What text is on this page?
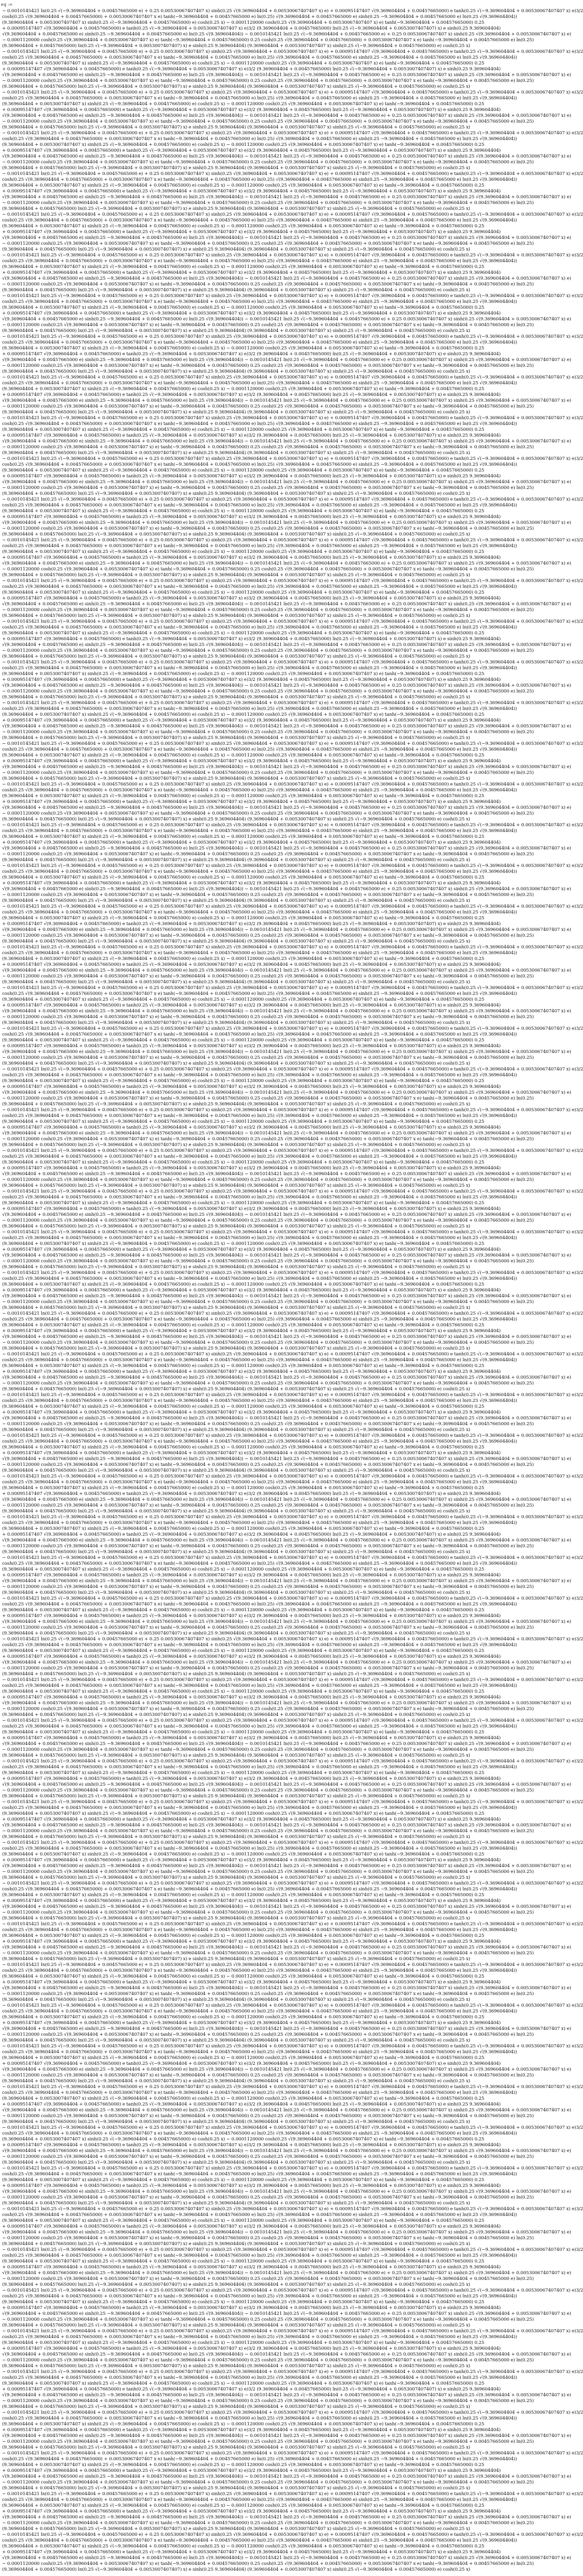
eq :=
− 0.0010145421 ln(0.25 √(−9.369604404 + 0.00457665000 e) + 0.25 0.00530067407407 x) sinh(0.25 √(9.369604404 + 0.00530067407407 x) e) + 0.00095147407 √(9.369604404 + 0.00457665000) e tanh(0.25 √(−9.369604404 + 0.00530067407407 x) e)3/2
cosh(0.25 √(9.369604404 + 0.00457665000) + 0.00530067407407 x e) tanh(−9.369604404 + 0.00457665000 e) ln(0.25) √(9.369604404 + 0.00457665000 e) sinh(0.25 −9.369604404 + 0.00457665000 e) ln(0.25 √(9.369604404))
(9.369604404 + 0.0053007407407 x) sinh(0.25 √(−9.369604404 + 0.00457665000) e) cosh(0.25 x) − 0.0001120000 cosh(0.25 √(9.369604404 + 0.00530067407407 x) e) tanh(−9.369604404 + 0.00457665000) 0.25
+ 0.00095147407 √(9.369604404 + 0.00457665000) e tanh(0.25 √(−9.369604404 + 0.00530067407407 x) e)3/2 (9.369604404 + 0.00457665000) ln(0.25 √(−9.369604404 + 0.0053007407407) x) e sinh(0.25 9.369604404)
√(9.369604404 + 0.00457665000 e) sinh(0.25 −9.369604404 + 0.00457665000 e) ln(0.25 √(9.369604404)) − 0.0010145421 ln(0.25 √(−9.369604404 + 0.00457665000 e) + 0.25 0.00530067407407 x) sinh(0.25 √(9.369604404 + 0.00530067407407 x) e)
− 0.0001120000 cosh(0.25 √(9.369604404 + 0.00530067407407 x) e) tanh(−9.369604404 + 0.00457665000) 0.25 cosh(0.25 √(9.369604404 + 0.00457665000) + 0.00530067407407 x e) tanh(−9.369604404 + 0.00457665000 e) ln(0.25)
(9.369604404 + 0.00457665000) ln(0.25 √(−9.369604404 + 0.0053007407407) x) e sinh(0.25 9.369604404) (9.369604404 + 0.0053007407407 x) sinh(0.25 √(−9.369604404 + 0.00457665000) e) cosh(0.25 x)
− 0.0010145421 ln(0.25 √(−9.369604404 + 0.00457665000 e) + 0.25 0.00530067407407 x) sinh(0.25 √(9.369604404 + 0.00530067407407 x) e) + 0.00095147407 √(9.369604404 + 0.00457665000) e tanh(0.25 √(−9.369604404 + 0.00530067407407 x) e)3/2
cosh(0.25 √(9.369604404 + 0.00457665000) + 0.00530067407407 x e) tanh(−9.369604404 + 0.00457665000 e) ln(0.25) √(9.369604404 + 0.00457665000 e) sinh(0.25 −9.369604404 + 0.00457665000 e) ln(0.25 √(9.369604404))
(9.369604404 + 0.0053007407407 x) sinh(0.25 √(−9.369604404 + 0.00457665000) e) cosh(0.25 x) − 0.0001120000 cosh(0.25 √(9.369604404 + 0.00530067407407 x) e) tanh(−9.369604404 + 0.00457665000) 0.25
+ 0.00095147407 √(9.369604404 + 0.00457665000) e tanh(0.25 √(−9.369604404 + 0.00530067407407 x) e)3/2 (9.369604404 + 0.00457665000) ln(0.25 √(−9.369604404 + 0.0053007407407) x) e sinh(0.25 9.369604404)
√(9.369604404 + 0.00457665000 e) sinh(0.25 −9.369604404 + 0.00457665000 e) ln(0.25 √(9.369604404)) − 0.0010145421 ln(0.25 √(−9.369604404 + 0.00457665000 e) + 0.25 0.00530067407407 x) sinh(0.25 √(9.369604404 + 0.00530067407407 x) e)
− 0.0001120000 cosh(0.25 √(9.369604404 + 0.00530067407407 x) e) tanh(−9.369604404 + 0.00457665000) 0.25 cosh(0.25 √(9.369604404 + 0.00457665000) + 0.00530067407407 x e) tanh(−9.369604404 + 0.00457665000 e) ln(0.25)
(9.369604404 + 0.00457665000) ln(0.25 √(−9.369604404 + 0.0053007407407) x) e sinh(0.25 9.369604404) (9.369604404 + 0.0053007407407 x) sinh(0.25 √(−9.369604404 + 0.00457665000) e) cosh(0.25 x)
− 0.0010145421 ln(0.25 √(−9.369604404 + 0.00457665000 e) + 0.25 0.00530067407407 x) sinh(0.25 √(9.369604404 + 0.00530067407407 x) e) + 0.00095147407 √(9.369604404 + 0.00457665000) e tanh(0.25 √(−9.369604404 + 0.00530067407407 x) e)3/2
cosh(0.25 √(9.369604404 + 0.00457665000) + 0.00530067407407 x e) tanh(−9.369604404 + 0.00457665000 e) ln(0.25) √(9.369604404 + 0.00457665000 e) sinh(0.25 −9.369604404 + 0.00457665000 e) ln(0.25 √(9.369604404))
(9.369604404 + 0.0053007407407 x) sinh(0.25 √(−9.369604404 + 0.00457665000) e) cosh(0.25 x) − 0.0001120000 cosh(0.25 √(9.369604404 + 0.00530067407407 x) e) tanh(−9.369604404 + 0.00457665000) 0.25
+ 0.00095147407 √(9.369604404 + 0.00457665000) e tanh(0.25 √(−9.369604404 + 0.00530067407407 x) e)3/2 (9.369604404 + 0.00457665000) ln(0.25 √(−9.369604404 + 0.0053007407407) x) e sinh(0.25 9.369604404)
√(9.369604404 + 0.00457665000 e) sinh(0.25 −9.369604404 + 0.00457665000 e) ln(0.25 √(9.369604404)) − 0.0010145421 ln(0.25 √(−9.369604404 + 0.00457665000 e) + 0.25 0.00530067407407 x) sinh(0.25 √(9.369604404 + 0.00530067407407 x) e)
− 0.0001120000 cosh(0.25 √(9.369604404 + 0.00530067407407 x) e) tanh(−9.369604404 + 0.00457665000) 0.25 cosh(0.25 √(9.369604404 + 0.00457665000) + 0.00530067407407 x e) tanh(−9.369604404 + 0.00457665000 e) ln(0.25)
(9.369604404 + 0.00457665000) ln(0.25 √(−9.369604404 + 0.0053007407407) x) e sinh(0.25 9.369604404) (9.369604404 + 0.0053007407407 x) sinh(0.25 √(−9.369604404 + 0.00457665000) e) cosh(0.25 x)
− 0.0010145421 ln(0.25 √(−9.369604404 + 0.00457665000 e) + 0.25 0.00530067407407 x) sinh(0.25 √(9.369604404 + 0.00530067407407 x) e) + 0.00095147407 √(9.369604404 + 0.00457665000) e tanh(0.25 √(−9.369604404 + 0.00530067407407 x) e)3/2
cosh(0.25 √(9.369604404 + 0.00457665000) + 0.00530067407407 x e) tanh(−9.369604404 + 0.00457665000 e) ln(0.25) √(9.369604404 + 0.00457665000 e) sinh(0.25 −9.369604404 + 0.00457665000 e) ln(0.25 √(9.369604404))
(9.369604404 + 0.0053007407407 x) sinh(0.25 √(−9.369604404 + 0.00457665000) e) cosh(0.25 x) − 0.0001120000 cosh(0.25 √(9.369604404 + 0.00530067407407 x) e) tanh(−9.369604404 + 0.00457665000) 0.25
+ 0.00095147407 √(9.369604404 + 0.00457665000) e tanh(0.25 √(−9.369604404 + 0.00530067407407 x) e)3/2 (9.369604404 + 0.00457665000) ln(0.25 √(−9.369604404 + 0.0053007407407) x) e sinh(0.25 9.369604404)
√(9.369604404 + 0.00457665000 e) sinh(0.25 −9.369604404 + 0.00457665000 e) ln(0.25 √(9.369604404)) − 0.0010145421 ln(0.25 √(−9.369604404 + 0.00457665000 e) + 0.25 0.00530067407407 x) sinh(0.25 √(9.369604404 + 0.00530067407407 x) e)
− 0.0001120000 cosh(0.25 √(9.369604404 + 0.00530067407407 x) e) tanh(−9.369604404 + 0.00457665000) 0.25 cosh(0.25 √(9.369604404 + 0.00457665000) + 0.00530067407407 x e) tanh(−9.369604404 + 0.00457665000 e) ln(0.25)
(9.369604404 + 0.00457665000) ln(0.25 √(−9.369604404 + 0.0053007407407) x) e sinh(0.25 9.369604404) (9.369604404 + 0.0053007407407 x) sinh(0.25 √(−9.369604404 + 0.00457665000) e) cosh(0.25 x)
− 0.0010145421 ln(0.25 √(−9.369604404 + 0.00457665000 e) + 0.25 0.00530067407407 x) sinh(0.25 √(9.369604404 + 0.00530067407407 x) e) + 0.00095147407 √(9.369604404 + 0.00457665000) e tanh(0.25 √(−9.369604404 + 0.00530067407407 x) e)3/2
cosh(0.25 √(9.369604404 + 0.00457665000) + 0.00530067407407 x e) tanh(−9.369604404 + 0.00457665000 e) ln(0.25) √(9.369604404 + 0.00457665000 e) sinh(0.25 −9.369604404 + 0.00457665000 e) ln(0.25 √(9.369604404))
(9.369604404 + 0.0053007407407 x) sinh(0.25 √(−9.369604404 + 0.00457665000) e) cosh(0.25 x) − 0.0001120000 cosh(0.25 √(9.369604404 + 0.00530067407407 x) e) tanh(−9.369604404 + 0.00457665000) 0.25
+ 0.00095147407 √(9.369604404 + 0.00457665000) e tanh(0.25 √(−9.369604404 + 0.00530067407407 x) e)3/2 (9.369604404 + 0.00457665000) ln(0.25 √(−9.369604404 + 0.0053007407407) x) e sinh(0.25 9.369604404)
√(9.369604404 + 0.00457665000 e) sinh(0.25 −9.369604404 + 0.00457665000 e) ln(0.25 √(9.369604404)) − 0.0010145421 ln(0.25 √(−9.369604404 + 0.00457665000 e) + 0.25 0.00530067407407 x) sinh(0.25 √(9.369604404 + 0.00530067407407 x) e)
− 0.0001120000 cosh(0.25 √(9.369604404 + 0.00530067407407 x) e) tanh(−9.369604404 + 0.00457665000) 0.25 cosh(0.25 √(9.369604404 + 0.00457665000) + 0.00530067407407 x e) tanh(−9.369604404 + 0.00457665000 e) ln(0.25)
(9.369604404 + 0.00457665000) ln(0.25 √(−9.369604404 + 0.0053007407407) x) e sinh(0.25 9.369604404) (9.369604404 + 0.0053007407407 x) sinh(0.25 √(−9.369604404 + 0.00457665000) e) cosh(0.25 x)
− 0.0010145421 ln(0.25 √(−9.369604404 + 0.00457665000 e) + 0.25 0.00530067407407 x) sinh(0.25 √(9.369604404 + 0.00530067407407 x) e) + 0.00095147407 √(9.369604404 + 0.00457665000) e tanh(0.25 √(−9.369604404 + 0.00530067407407 x) e)3/2
cosh(0.25 √(9.369604404 + 0.00457665000) + 0.00530067407407 x e) tanh(−9.369604404 + 0.00457665000 e) ln(0.25) √(9.369604404 + 0.00457665000 e) sinh(0.25 −9.369604404 + 0.00457665000 e) ln(0.25 √(9.369604404))
(9.369604404 + 0.0053007407407 x) sinh(0.25 √(−9.369604404 + 0.00457665000) e) cosh(0.25 x) − 0.0001120000 cosh(0.25 √(9.369604404 + 0.00530067407407 x) e) tanh(−9.369604404 + 0.00457665000) 0.25
+ 0.00095147407 √(9.369604404 + 0.00457665000) e tanh(0.25 √(−9.369604404 + 0.00530067407407 x) e)3/2 (9.369604404 + 0.00457665000) ln(0.25 √(−9.369604404 + 0.0053007407407) x) e sinh(0.25 9.369604404)
√(9.369604404 + 0.00457665000 e) sinh(0.25 −9.369604404 + 0.00457665000 e) ln(0.25 √(9.369604404)) − 0.0010145421 ln(0.25 √(−9.369604404 + 0.00457665000 e) + 0.25 0.00530067407407 x) sinh(0.25 √(9.369604404 + 0.00530067407407 x) e)
− 0.0001120000 cosh(0.25 √(9.369604404 + 0.00530067407407 x) e) tanh(−9.369604404 + 0.00457665000) 0.25 cosh(0.25 √(9.369604404 + 0.00457665000) + 0.00530067407407 x e) tanh(−9.369604404 + 0.00457665000 e) ln(0.25)
(9.369604404 + 0.00457665000) ln(0.25 √(−9.369604404 + 0.0053007407407) x) e sinh(0.25 9.369604404) (9.369604404 + 0.0053007407407 x) sinh(0.25 √(−9.369604404 + 0.00457665000) e) cosh(0.25 x)
− 0.0010145421 ln(0.25 √(−9.369604404 + 0.00457665000 e) + 0.25 0.00530067407407 x) sinh(0.25 √(9.369604404 + 0.00530067407407 x) e) + 0.00095147407 √(9.369604404 + 0.00457665000) e tanh(0.25 √(−9.369604404 + 0.00530067407407 x) e)3/2
cosh(0.25 √(9.369604404 + 0.00457665000) + 0.00530067407407 x e) tanh(−9.369604404 + 0.00457665000 e) ln(0.25) √(9.369604404 + 0.00457665000 e) sinh(0.25 −9.369604404 + 0.00457665000 e) ln(0.25 √(9.369604404))
(9.369604404 + 0.0053007407407 x) sinh(0.25 √(−9.369604404 + 0.00457665000) e) cosh(0.25 x) − 0.0001120000 cosh(0.25 √(9.369604404 + 0.00530067407407 x) e) tanh(−9.369604404 + 0.00457665000) 0.25
+ 0.00095147407 √(9.369604404 + 0.00457665000) e tanh(0.25 √(−9.369604404 + 0.00530067407407 x) e)3/2 (9.369604404 + 0.00457665000) ln(0.25 √(−9.369604404 + 0.0053007407407) x) e sinh(0.25 9.369604404)
√(9.369604404 + 0.00457665000 e) sinh(0.25 −9.369604404 + 0.00457665000 e) ln(0.25 √(9.369604404)) − 0.0010145421 ln(0.25 √(−9.369604404 + 0.00457665000 e) + 0.25 0.00530067407407 x) sinh(0.25 √(9.369604404 + 0.00530067407407 x) e)
− 0.0001120000 cosh(0.25 √(9.369604404 + 0.00530067407407 x) e) tanh(−9.369604404 + 0.00457665000) 0.25 cosh(0.25 √(9.369604404 + 0.00457665000) + 0.00530067407407 x e) tanh(−9.369604404 + 0.00457665000 e) ln(0.25)
(9.369604404 + 0.00457665000) ln(0.25 √(−9.369604404 + 0.0053007407407) x) e sinh(0.25 9.369604404) (9.369604404 + 0.0053007407407 x) sinh(0.25 √(−9.369604404 + 0.00457665000) e) cosh(0.25 x)
− 0.0010145421 ln(0.25 √(−9.369604404 + 0.00457665000 e) + 0.25 0.00530067407407 x) sinh(0.25 √(9.369604404 + 0.00530067407407 x) e) + 0.00095147407 √(9.369604404 + 0.00457665000) e tanh(0.25 √(−9.369604404 + 0.00530067407407 x) e)3/2
cosh(0.25 √(9.369604404 + 0.00457665000) + 0.00530067407407 x e) tanh(−9.369604404 + 0.00457665000 e) ln(0.25) √(9.369604404 + 0.00457665000 e) sinh(0.25 −9.369604404 + 0.00457665000 e) ln(0.25 √(9.369604404))
(9.369604404 + 0.0053007407407 x) sinh(0.25 √(−9.369604404 + 0.00457665000) e) cosh(0.25 x) − 0.0001120000 cosh(0.25 √(9.369604404 + 0.00530067407407 x) e) tanh(−9.369604404 + 0.00457665000) 0.25
+ 0.00095147407 √(9.369604404 + 0.00457665000) e tanh(0.25 √(−9.369604404 + 0.00530067407407 x) e)3/2 (9.369604404 + 0.00457665000) ln(0.25 √(−9.369604404 + 0.0053007407407) x) e sinh(0.25 9.369604404)
√(9.369604404 + 0.00457665000 e) sinh(0.25 −9.369604404 + 0.00457665000 e) ln(0.25 √(9.369604404)) − 0.0010145421 ln(0.25 √(−9.369604404 + 0.00457665000 e) + 0.25 0.00530067407407 x) sinh(0.25 √(9.369604404 + 0.00530067407407 x) e)
− 0.0001120000 cosh(0.25 √(9.369604404 + 0.00530067407407 x) e) tanh(−9.369604404 + 0.00457665000) 0.25 cosh(0.25 √(9.369604404 + 0.00457665000) + 0.00530067407407 x e) tanh(−9.369604404 + 0.00457665000 e) ln(0.25)
(9.369604404 + 0.00457665000) ln(0.25 √(−9.369604404 + 0.0053007407407) x) e sinh(0.25 9.369604404) (9.369604404 + 0.0053007407407 x) sinh(0.25 √(−9.369604404 + 0.00457665000) e) cosh(0.25 x)
− 0.0010145421 ln(0.25 √(−9.369604404 + 0.00457665000 e) + 0.25 0.00530067407407 x) sinh(0.25 √(9.369604404 + 0.00530067407407 x) e) + 0.00095147407 √(9.369604404 + 0.00457665000) e tanh(0.25 √(−9.369604404 + 0.00530067407407 x) e)3/2
cosh(0.25 √(9.369604404 + 0.00457665000) + 0.00530067407407 x e) tanh(−9.369604404 + 0.00457665000 e) ln(0.25) √(9.369604404 + 0.00457665000 e) sinh(0.25 −9.369604404 + 0.00457665000 e) ln(0.25 √(9.369604404))
(9.369604404 + 0.0053007407407 x) sinh(0.25 √(−9.369604404 + 0.00457665000) e) cosh(0.25 x) − 0.0001120000 cosh(0.25 √(9.369604404 + 0.00530067407407 x) e) tanh(−9.369604404 + 0.00457665000) 0.25
+ 0.00095147407 √(9.369604404 + 0.00457665000) e tanh(0.25 √(−9.369604404 + 0.00530067407407 x) e)3/2 (9.369604404 + 0.00457665000) ln(0.25 √(−9.369604404 + 0.0053007407407) x) e sinh(0.25 9.369604404)
√(9.369604404 + 0.00457665000 e) sinh(0.25 −9.369604404 + 0.00457665000 e) ln(0.25 √(9.369604404)) − 0.0010145421 ln(0.25 √(−9.369604404 + 0.00457665000 e) + 0.25 0.00530067407407 x) sinh(0.25 √(9.369604404 + 0.00530067407407 x) e)
− 0.0001120000 cosh(0.25 √(9.369604404 + 0.00530067407407 x) e) tanh(−9.369604404 + 0.00457665000) 0.25 cosh(0.25 √(9.369604404 + 0.00457665000) + 0.00530067407407 x e) tanh(−9.369604404 + 0.00457665000 e) ln(0.25)
(9.369604404 + 0.00457665000) ln(0.25 √(−9.369604404 + 0.0053007407407) x) e sinh(0.25 9.369604404) (9.369604404 + 0.0053007407407 x) sinh(0.25 √(−9.369604404 + 0.00457665000) e) cosh(0.25 x)
− 0.0010145421 ln(0.25 √(−9.369604404 + 0.00457665000 e) + 0.25 0.00530067407407 x) sinh(0.25 √(9.369604404 + 0.00530067407407 x) e) + 0.00095147407 √(9.369604404 + 0.00457665000) e tanh(0.25 √(−9.369604404 + 0.00530067407407 x) e)3/2
cosh(0.25 √(9.369604404 + 0.00457665000) + 0.00530067407407 x e) tanh(−9.369604404 + 0.00457665000 e) ln(0.25) √(9.369604404 + 0.00457665000 e) sinh(0.25 −9.369604404 + 0.00457665000 e) ln(0.25 √(9.369604404))
(9.369604404 + 0.0053007407407 x) sinh(0.25 √(−9.369604404 + 0.00457665000) e) cosh(0.25 x) − 0.0001120000 cosh(0.25 √(9.369604404 + 0.00530067407407 x) e) tanh(−9.369604404 + 0.00457665000) 0.25
+ 0.00095147407 √(9.369604404 + 0.00457665000) e tanh(0.25 √(−9.369604404 + 0.00530067407407 x) e)3/2 (9.369604404 + 0.00457665000) ln(0.25 √(−9.369604404 + 0.0053007407407) x) e sinh(0.25 9.369604404)
√(9.369604404 + 0.00457665000 e) sinh(0.25 −9.369604404 + 0.00457665000 e) ln(0.25 √(9.369604404)) − 0.0010145421 ln(0.25 √(−9.369604404 + 0.00457665000 e) + 0.25 0.00530067407407 x) sinh(0.25 √(9.369604404 + 0.00530067407407 x) e)
− 0.0001120000 cosh(0.25 √(9.369604404 + 0.00530067407407 x) e) tanh(−9.369604404 + 0.00457665000) 0.25 cosh(0.25 √(9.369604404 + 0.00457665000) + 0.00530067407407 x e) tanh(−9.369604404 + 0.00457665000 e) ln(0.25)
(9.369604404 + 0.00457665000) ln(0.25 √(−9.369604404 + 0.0053007407407) x) e sinh(0.25 9.369604404) (9.369604404 + 0.0053007407407 x) sinh(0.25 √(−9.369604404 + 0.00457665000) e) cosh(0.25 x)
− 0.0010145421 ln(0.25 √(−9.369604404 + 0.00457665000 e) + 0.25 0.00530067407407 x) sinh(0.25 √(9.369604404 + 0.00530067407407 x) e) + 0.00095147407 √(9.369604404 + 0.00457665000) e tanh(0.25 √(−9.369604404 + 0.00530067407407 x) e)3/2
cosh(0.25 √(9.369604404 + 0.00457665000) + 0.00530067407407 x e) tanh(−9.369604404 + 0.00457665000 e) ln(0.25) √(9.369604404 + 0.00457665000 e) sinh(0.25 −9.369604404 + 0.00457665000 e) ln(0.25 √(9.369604404))
(9.369604404 + 0.0053007407407 x) sinh(0.25 √(−9.369604404 + 0.00457665000) e) cosh(0.25 x) − 0.0001120000 cosh(0.25 √(9.369604404 + 0.00530067407407 x) e) tanh(−9.369604404 + 0.00457665000) 0.25
+ 0.00095147407 √(9.369604404 + 0.00457665000) e tanh(0.25 √(−9.369604404 + 0.00530067407407 x) e)3/2 (9.369604404 + 0.00457665000) ln(0.25 √(−9.369604404 + 0.0053007407407) x) e sinh(0.25 9.369604404)
√(9.369604404 + 0.00457665000 e) sinh(0.25 −9.369604404 + 0.00457665000 e) ln(0.25 √(9.369604404)) − 0.0010145421 ln(0.25 √(−9.369604404 + 0.00457665000 e) + 0.25 0.00530067407407 x) sinh(0.25 √(9.369604404 + 0.00530067407407 x) e)
− 0.0001120000 cosh(0.25 √(9.369604404 + 0.00530067407407 x) e) tanh(−9.369604404 + 0.00457665000) 0.25 cosh(0.25 √(9.369604404 + 0.00457665000) + 0.00530067407407 x e) tanh(−9.369604404 + 0.00457665000 e) ln(0.25)
(9.369604404 + 0.00457665000) ln(0.25 √(−9.369604404 + 0.0053007407407) x) e sinh(0.25 9.369604404) (9.369604404 + 0.0053007407407 x) sinh(0.25 √(−9.369604404 + 0.00457665000) e) cosh(0.25 x)
− 0.0010145421 ln(0.25 √(−9.369604404 + 0.00457665000 e) + 0.25 0.00530067407407 x) sinh(0.25 √(9.369604404 + 0.00530067407407 x) e) + 0.00095147407 √(9.369604404 + 0.00457665000) e tanh(0.25 √(−9.369604404 + 0.00530067407407 x) e)3/2
cosh(0.25 √(9.369604404 + 0.00457665000) + 0.00530067407407 x e) tanh(−9.369604404 + 0.00457665000 e) ln(0.25) √(9.369604404 + 0.00457665000 e) sinh(0.25 −9.369604404 + 0.00457665000 e) ln(0.25 √(9.369604404))
(9.369604404 + 0.0053007407407 x) sinh(0.25 √(−9.369604404 + 0.00457665000) e) cosh(0.25 x) − 0.0001120000 cosh(0.25 √(9.369604404 + 0.00530067407407 x) e) tanh(−9.369604404 + 0.00457665000) 0.25
+ 0.00095147407 √(9.369604404 + 0.00457665000) e tanh(0.25 √(−9.369604404 + 0.00530067407407 x) e)3/2 (9.369604404 + 0.00457665000) ln(0.25 √(−9.369604404 + 0.0053007407407) x) e sinh(0.25 9.369604404)
√(9.369604404 + 0.00457665000 e) sinh(0.25 −9.369604404 + 0.00457665000 e) ln(0.25 √(9.369604404)) − 0.0010145421 ln(0.25 √(−9.369604404 + 0.00457665000 e) + 0.25 0.00530067407407 x) sinh(0.25 √(9.369604404 + 0.00530067407407 x) e)
− 0.0001120000 cosh(0.25 √(9.369604404 + 0.00530067407407 x) e) tanh(−9.369604404 + 0.00457665000) 0.25 cosh(0.25 √(9.369604404 + 0.00457665000) + 0.00530067407407 x e) tanh(−9.369604404 + 0.00457665000 e) ln(0.25)
(9.369604404 + 0.00457665000) ln(0.25 √(−9.369604404 + 0.0053007407407) x) e sinh(0.25 9.369604404) (9.369604404 + 0.0053007407407 x) sinh(0.25 √(−9.369604404 + 0.00457665000) e) cosh(0.25 x)
− 0.0010145421 ln(0.25 √(−9.369604404 + 0.00457665000 e) + 0.25 0.00530067407407 x) sinh(0.25 √(9.369604404 + 0.00530067407407 x) e) + 0.00095147407 √(9.369604404 + 0.00457665000) e tanh(0.25 √(−9.369604404 + 0.00530067407407 x) e)3/2
cosh(0.25 √(9.369604404 + 0.00457665000) + 0.00530067407407 x e) tanh(−9.369604404 + 0.00457665000 e) ln(0.25) √(9.369604404 + 0.00457665000 e) sinh(0.25 −9.369604404 + 0.00457665000 e) ln(0.25 √(9.369604404))
(9.369604404 + 0.0053007407407 x) sinh(0.25 √(−9.369604404 + 0.00457665000) e) cosh(0.25 x) − 0.0001120000 cosh(0.25 √(9.369604404 + 0.00530067407407 x) e) tanh(−9.369604404 + 0.00457665000) 0.25
+ 0.00095147407 √(9.369604404 + 0.00457665000) e tanh(0.25 √(−9.369604404 + 0.00530067407407 x) e)3/2 (9.369604404 + 0.00457665000) ln(0.25 √(−9.369604404 + 0.0053007407407) x) e sinh(0.25 9.369604404)
√(9.369604404 + 0.00457665000 e) sinh(0.25 −9.369604404 + 0.00457665000 e) ln(0.25 √(9.369604404)) − 0.0010145421 ln(0.25 √(−9.369604404 + 0.00457665000 e) + 0.25 0.00530067407407 x) sinh(0.25 √(9.369604404 + 0.00530067407407 x) e)
− 0.0001120000 cosh(0.25 √(9.369604404 + 0.00530067407407 x) e) tanh(−9.369604404 + 0.00457665000) 0.25 cosh(0.25 √(9.369604404 + 0.00457665000) + 0.00530067407407 x e) tanh(−9.369604404 + 0.00457665000 e) ln(0.25)
(9.369604404 + 0.00457665000) ln(0.25 √(−9.369604404 + 0.0053007407407) x) e sinh(0.25 9.369604404) (9.369604404 + 0.0053007407407 x) sinh(0.25 √(−9.369604404 + 0.00457665000) e) cosh(0.25 x)
− 0.0010145421 ln(0.25 √(−9.369604404 + 0.00457665000 e) + 0.25 0.00530067407407 x) sinh(0.25 √(9.369604404 + 0.00530067407407 x) e) + 0.00095147407 √(9.369604404 + 0.00457665000) e tanh(0.25 √(−9.369604404 + 0.00530067407407 x) e)3/2
cosh(0.25 √(9.369604404 + 0.00457665000) + 0.00530067407407 x e) tanh(−9.369604404 + 0.00457665000 e) ln(0.25) √(9.369604404 + 0.00457665000 e) sinh(0.25 −9.369604404 + 0.00457665000 e) ln(0.25 √(9.369604404))
(9.369604404 + 0.0053007407407 x) sinh(0.25 √(−9.369604404 + 0.00457665000) e) cosh(0.25 x) − 0.0001120000 cosh(0.25 √(9.369604404 + 0.00530067407407 x) e) tanh(−9.369604404 + 0.00457665000) 0.25
+ 0.00095147407 √(9.369604404 + 0.00457665000) e tanh(0.25 √(−9.369604404 + 0.00530067407407 x) e)3/2 (9.369604404 + 0.00457665000) ln(0.25 √(−9.369604404 + 0.0053007407407) x) e sinh(0.25 9.369604404)
√(9.369604404 + 0.00457665000 e) sinh(0.25 −9.369604404 + 0.00457665000 e) ln(0.25 √(9.369604404)) − 0.0010145421 ln(0.25 √(−9.369604404 + 0.00457665000 e) + 0.25 0.00530067407407 x) sinh(0.25 √(9.369604404 + 0.00530067407407 x) e)
− 0.0001120000 cosh(0.25 √(9.369604404 + 0.00530067407407 x) e) tanh(−9.369604404 + 0.00457665000) 0.25 cosh(0.25 √(9.369604404 + 0.00457665000) + 0.00530067407407 x e) tanh(−9.369604404 + 0.00457665000 e) ln(0.25)
(9.369604404 + 0.00457665000) ln(0.25 √(−9.369604404 + 0.0053007407407) x) e sinh(0.25 9.369604404) (9.369604404 + 0.0053007407407 x) sinh(0.25 √(−9.369604404 + 0.00457665000) e) cosh(0.25 x)
− 0.0010145421 ln(0.25 √(−9.369604404 + 0.00457665000 e) + 0.25 0.00530067407407 x) sinh(0.25 √(9.369604404 + 0.00530067407407 x) e) + 0.00095147407 √(9.369604404 + 0.00457665000) e tanh(0.25 √(−9.369604404 + 0.00530067407407 x) e)3/2
cosh(0.25 √(9.369604404 + 0.00457665000) + 0.00530067407407 x e) tanh(−9.369604404 + 0.00457665000 e) ln(0.25) √(9.369604404 + 0.00457665000 e) sinh(0.25 −9.369604404 + 0.00457665000 e) ln(0.25 √(9.369604404))
(9.369604404 + 0.0053007407407 x) sinh(0.25 √(−9.369604404 + 0.00457665000) e) cosh(0.25 x) − 0.0001120000 cosh(0.25 √(9.369604404 + 0.00530067407407 x) e) tanh(−9.369604404 + 0.00457665000) 0.25
+ 0.00095147407 √(9.369604404 + 0.00457665000) e tanh(0.25 √(−9.369604404 + 0.00530067407407 x) e)3/2 (9.369604404 + 0.00457665000) ln(0.25 √(−9.369604404 + 0.0053007407407) x) e sinh(0.25 9.369604404)
√(9.369604404 + 0.00457665000 e) sinh(0.25 −9.369604404 + 0.00457665000 e) ln(0.25 √(9.369604404)) − 0.0010145421 ln(0.25 √(−9.369604404 + 0.00457665000 e) + 0.25 0.00530067407407 x) sinh(0.25 √(9.369604404 + 0.00530067407407 x) e)
− 0.0001120000 cosh(0.25 √(9.369604404 + 0.00530067407407 x) e) tanh(−9.369604404 + 0.00457665000) 0.25 cosh(0.25 √(9.369604404 + 0.00457665000) + 0.00530067407407 x e) tanh(−9.369604404 + 0.00457665000 e) ln(0.25)
(9.369604404 + 0.00457665000) ln(0.25 √(−9.369604404 + 0.0053007407407) x) e sinh(0.25 9.369604404) (9.369604404 + 0.0053007407407 x) sinh(0.25 √(−9.369604404 + 0.00457665000) e) cosh(0.25 x)
− 0.0010145421 ln(0.25 √(−9.369604404 + 0.00457665000 e) + 0.25 0.00530067407407 x) sinh(0.25 √(9.369604404 + 0.00530067407407 x) e) + 0.00095147407 √(9.369604404 + 0.00457665000) e tanh(0.25 √(−9.369604404 + 0.00530067407407 x) e)3/2
cosh(0.25 √(9.369604404 + 0.00457665000) + 0.00530067407407 x e) tanh(−9.369604404 + 0.00457665000 e) ln(0.25) √(9.369604404 + 0.00457665000 e) sinh(0.25 −9.369604404 + 0.00457665000 e) ln(0.25 √(9.369604404))
(9.369604404 + 0.0053007407407 x) sinh(0.25 √(−9.369604404 + 0.00457665000) e) cosh(0.25 x) − 0.0001120000 cosh(0.25 √(9.369604404 + 0.00530067407407 x) e) tanh(−9.369604404 + 0.00457665000) 0.25
+ 0.00095147407 √(9.369604404 + 0.00457665000) e tanh(0.25 √(−9.369604404 + 0.00530067407407 x) e)3/2 (9.369604404 + 0.00457665000) ln(0.25 √(−9.369604404 + 0.0053007407407) x) e sinh(0.25 9.369604404)
√(9.369604404 + 0.00457665000 e) sinh(0.25 −9.369604404 + 0.00457665000 e) ln(0.25 √(9.369604404)) − 0.0010145421 ln(0.25 √(−9.369604404 + 0.00457665000 e) + 0.25 0.00530067407407 x) sinh(0.25 √(9.369604404 + 0.00530067407407 x) e)
− 0.0001120000 cosh(0.25 √(9.369604404 + 0.00530067407407 x) e) tanh(−9.369604404 + 0.00457665000) 0.25 cosh(0.25 √(9.369604404 + 0.00457665000) + 0.00530067407407 x e) tanh(−9.369604404 + 0.00457665000 e) ln(0.25)
(9.369604404 + 0.00457665000) ln(0.25 √(−9.369604404 + 0.0053007407407) x) e sinh(0.25 9.369604404) (9.369604404 + 0.0053007407407 x) sinh(0.25 √(−9.369604404 + 0.00457665000) e) cosh(0.25 x)
− 0.0010145421 ln(0.25 √(−9.369604404 + 0.00457665000 e) + 0.25 0.00530067407407 x) sinh(0.25 √(9.369604404 + 0.00530067407407 x) e) + 0.00095147407 √(9.369604404 + 0.00457665000) e tanh(0.25 √(−9.369604404 + 0.00530067407407 x) e)3/2
cosh(0.25 √(9.369604404 + 0.00457665000) + 0.00530067407407 x e) tanh(−9.369604404 + 0.00457665000 e) ln(0.25) √(9.369604404 + 0.00457665000 e) sinh(0.25 −9.369604404 + 0.00457665000 e) ln(0.25 √(9.369604404))
(9.369604404 + 0.0053007407407 x) sinh(0.25 √(−9.369604404 + 0.00457665000) e) cosh(0.25 x) − 0.0001120000 cosh(0.25 √(9.369604404 + 0.00530067407407 x) e) tanh(−9.369604404 + 0.00457665000) 0.25
+ 0.00095147407 √(9.369604404 + 0.00457665000) e tanh(0.25 √(−9.369604404 + 0.00530067407407 x) e)3/2 (9.369604404 + 0.00457665000) ln(0.25 √(−9.369604404 + 0.0053007407407) x) e sinh(0.25 9.369604404)
√(9.369604404 + 0.00457665000 e) sinh(0.25 −9.369604404 + 0.00457665000 e) ln(0.25 √(9.369604404)) − 0.0010145421 ln(0.25 √(−9.369604404 + 0.00457665000 e) + 0.25 0.00530067407407 x) sinh(0.25 √(9.369604404 + 0.00530067407407 x) e)
− 0.0001120000 cosh(0.25 √(9.369604404 + 0.00530067407407 x) e) tanh(−9.369604404 + 0.00457665000) 0.25 cosh(0.25 √(9.369604404 + 0.00457665000) + 0.00530067407407 x e) tanh(−9.369604404 + 0.00457665000 e) ln(0.25)
(9.369604404 + 0.00457665000) ln(0.25 √(−9.369604404 + 0.0053007407407) x) e sinh(0.25 9.369604404) (9.369604404 + 0.0053007407407 x) sinh(0.25 √(−9.369604404 + 0.00457665000) e) cosh(0.25 x)
− 0.0010145421 ln(0.25 √(−9.369604404 + 0.00457665000 e) + 0.25 0.00530067407407 x) sinh(0.25 √(9.369604404 + 0.00530067407407 x) e) + 0.00095147407 √(9.369604404 + 0.00457665000) e tanh(0.25 √(−9.369604404 + 0.00530067407407 x) e)3/2
cosh(0.25 √(9.369604404 + 0.00457665000) + 0.00530067407407 x e) tanh(−9.369604404 + 0.00457665000 e) ln(0.25) √(9.369604404 + 0.00457665000 e) sinh(0.25 −9.369604404 + 0.00457665000 e) ln(0.25 √(9.369604404))
(9.369604404 + 0.0053007407407 x) sinh(0.25 √(−9.369604404 + 0.00457665000) e) cosh(0.25 x) − 0.0001120000 cosh(0.25 √(9.369604404 + 0.00530067407407 x) e) tanh(−9.369604404 + 0.00457665000) 0.25
+ 0.00095147407 √(9.369604404 + 0.00457665000) e tanh(0.25 √(−9.369604404 + 0.00530067407407 x) e)3/2 (9.369604404 + 0.00457665000) ln(0.25 √(−9.369604404 + 0.0053007407407) x) e sinh(0.25 9.369604404)
√(9.369604404 + 0.00457665000 e) sinh(0.25 −9.369604404 + 0.00457665000 e) ln(0.25 √(9.369604404)) − 0.0010145421 ln(0.25 √(−9.369604404 + 0.00457665000 e) + 0.25 0.00530067407407 x) sinh(0.25 √(9.369604404 + 0.00530067407407 x) e)
− 0.0001120000 cosh(0.25 √(9.369604404 + 0.00530067407407 x) e) tanh(−9.369604404 + 0.00457665000) 0.25 cosh(0.25 √(9.369604404 + 0.00457665000) + 0.00530067407407 x e) tanh(−9.369604404 + 0.00457665000 e) ln(0.25)
(9.369604404 + 0.00457665000) ln(0.25 √(−9.369604404 + 0.0053007407407) x) e sinh(0.25 9.369604404) (9.369604404 + 0.0053007407407 x) sinh(0.25 √(−9.369604404 + 0.00457665000) e) cosh(0.25 x)
− 0.0010145421 ln(0.25 √(−9.369604404 + 0.00457665000 e) + 0.25 0.00530067407407 x) sinh(0.25 √(9.369604404 + 0.00530067407407 x) e) + 0.00095147407 √(9.369604404 + 0.00457665000) e tanh(0.25 √(−9.369604404 + 0.00530067407407 x) e)3/2
cosh(0.25 √(9.369604404 + 0.00457665000) + 0.00530067407407 x e) tanh(−9.369604404 + 0.00457665000 e) ln(0.25) √(9.369604404 + 0.00457665000 e) sinh(0.25 −9.369604404 + 0.00457665000 e) ln(0.25 √(9.369604404))
(9.369604404 + 0.0053007407407 x) sinh(0.25 √(−9.369604404 + 0.00457665000) e) cosh(0.25 x) − 0.0001120000 cosh(0.25 √(9.369604404 + 0.00530067407407 x) e) tanh(−9.369604404 + 0.00457665000) 0.25
+ 0.00095147407 √(9.369604404 + 0.00457665000) e tanh(0.25 √(−9.369604404 + 0.00530067407407 x) e)3/2 (9.369604404 + 0.00457665000) ln(0.25 √(−9.369604404 + 0.0053007407407) x) e sinh(0.25 9.369604404)
√(9.369604404 + 0.00457665000 e) sinh(0.25 −9.369604404 + 0.00457665000 e) ln(0.25 √(9.369604404)) − 0.0010145421 ln(0.25 √(−9.369604404 + 0.00457665000 e) + 0.25 0.00530067407407 x) sinh(0.25 √(9.369604404 + 0.00530067407407 x) e)
− 0.0001120000 cosh(0.25 √(9.369604404 + 0.00530067407407 x) e) tanh(−9.369604404 + 0.00457665000) 0.25 cosh(0.25 √(9.369604404 + 0.00457665000) + 0.00530067407407 x e) tanh(−9.369604404 + 0.00457665000 e) ln(0.25)
(9.369604404 + 0.00457665000) ln(0.25 √(−9.369604404 + 0.0053007407407) x) e sinh(0.25 9.369604404) (9.369604404 + 0.0053007407407 x) sinh(0.25 √(−9.369604404 + 0.00457665000) e) cosh(0.25 x)
− 0.0010145421 ln(0.25 √(−9.369604404 + 0.00457665000 e) + 0.25 0.00530067407407 x) sinh(0.25 √(9.369604404 + 0.00530067407407 x) e) + 0.00095147407 √(9.369604404 + 0.00457665000) e tanh(0.25 √(−9.369604404 + 0.00530067407407 x) e)3/2
cosh(0.25 √(9.369604404 + 0.00457665000) + 0.00530067407407 x e) tanh(−9.369604404 + 0.00457665000 e) ln(0.25) √(9.369604404 + 0.00457665000 e) sinh(0.25 −9.369604404 + 0.00457665000 e) ln(0.25 √(9.369604404))
(9.369604404 + 0.0053007407407 x) sinh(0.25 √(−9.369604404 + 0.00457665000) e) cosh(0.25 x) − 0.0001120000 cosh(0.25 √(9.369604404 + 0.00530067407407 x) e) tanh(−9.369604404 + 0.00457665000) 0.25
+ 0.00095147407 √(9.369604404 + 0.00457665000) e tanh(0.25 √(−9.369604404 + 0.00530067407407 x) e)3/2 (9.369604404 + 0.00457665000) ln(0.25 √(−9.369604404 + 0.0053007407407) x) e sinh(0.25 9.369604404)
√(9.369604404 + 0.00457665000 e) sinh(0.25 −9.369604404 + 0.00457665000 e) ln(0.25 √(9.369604404)) − 0.0010145421 ln(0.25 √(−9.369604404 + 0.00457665000 e) + 0.25 0.00530067407407 x) sinh(0.25 √(9.369604404 + 0.00530067407407 x) e)
− 0.0001120000 cosh(0.25 √(9.369604404 + 0.00530067407407 x) e) tanh(−9.369604404 + 0.00457665000) 0.25 cosh(0.25 √(9.369604404 + 0.00457665000) + 0.00530067407407 x e) tanh(−9.369604404 + 0.00457665000 e) ln(0.25)
(9.369604404 + 0.00457665000) ln(0.25 √(−9.369604404 + 0.0053007407407) x) e sinh(0.25 9.369604404) (9.369604404 + 0.0053007407407 x) sinh(0.25 √(−9.369604404 + 0.00457665000) e) cosh(0.25 x)
− 0.0010145421 ln(0.25 √(−9.369604404 + 0.00457665000 e) + 0.25 0.00530067407407 x) sinh(0.25 √(9.369604404 + 0.00530067407407 x) e) + 0.00095147407 √(9.369604404 + 0.00457665000) e tanh(0.25 √(−9.369604404 + 0.00530067407407 x) e)3/2
cosh(0.25 √(9.369604404 + 0.00457665000) + 0.00530067407407 x e) tanh(−9.369604404 + 0.00457665000 e) ln(0.25) √(9.369604404 + 0.00457665000 e) sinh(0.25 −9.369604404 + 0.00457665000 e) ln(0.25 √(9.369604404))
(9.369604404 + 0.0053007407407 x) sinh(0.25 √(−9.369604404 + 0.00457665000) e) cosh(0.25 x) − 0.0001120000 cosh(0.25 √(9.369604404 + 0.00530067407407 x) e) tanh(−9.369604404 + 0.00457665000) 0.25
+ 0.00095147407 √(9.369604404 + 0.00457665000) e tanh(0.25 √(−9.369604404 + 0.00530067407407 x) e)3/2 (9.369604404 + 0.00457665000) ln(0.25 √(−9.369604404 + 0.0053007407407) x) e sinh(0.25 9.369604404)
√(9.369604404 + 0.00457665000 e) sinh(0.25 −9.369604404 + 0.00457665000 e) ln(0.25 √(9.369604404)) − 0.0010145421 ln(0.25 √(−9.369604404 + 0.00457665000 e) + 0.25 0.00530067407407 x) sinh(0.25 √(9.369604404 + 0.00530067407407 x) e)
− 0.0001120000 cosh(0.25 √(9.369604404 + 0.00530067407407 x) e) tanh(−9.369604404 + 0.00457665000) 0.25 cosh(0.25 √(9.369604404 + 0.00457665000) + 0.00530067407407 x e) tanh(−9.369604404 + 0.00457665000 e) ln(0.25)
(9.369604404 + 0.00457665000) ln(0.25 √(−9.369604404 + 0.0053007407407) x) e sinh(0.25 9.369604404) (9.369604404 + 0.0053007407407 x) sinh(0.25 √(−9.369604404 + 0.00457665000) e) cosh(0.25 x)
− 0.0010145421 ln(0.25 √(−9.369604404 + 0.00457665000 e) + 0.25 0.00530067407407 x) sinh(0.25 √(9.369604404 + 0.00530067407407 x) e) + 0.00095147407 √(9.369604404 + 0.00457665000) e tanh(0.25 √(−9.369604404 + 0.00530067407407 x) e)3/2
cosh(0.25 √(9.369604404 + 0.00457665000) + 0.00530067407407 x e) tanh(−9.369604404 + 0.00457665000 e) ln(0.25) √(9.369604404 + 0.00457665000 e) sinh(0.25 −9.369604404 + 0.00457665000 e) ln(0.25 √(9.369604404))
(9.369604404 + 0.0053007407407 x) sinh(0.25 √(−9.369604404 + 0.00457665000) e) cosh(0.25 x) − 0.0001120000 cosh(0.25 √(9.369604404 + 0.00530067407407 x) e) tanh(−9.369604404 + 0.00457665000) 0.25
+ 0.00095147407 √(9.369604404 + 0.00457665000) e tanh(0.25 √(−9.369604404 + 0.00530067407407 x) e)3/2 (9.369604404 + 0.00457665000) ln(0.25 √(−9.369604404 + 0.0053007407407) x) e sinh(0.25 9.369604404)
√(9.369604404 + 0.00457665000 e) sinh(0.25 −9.369604404 + 0.00457665000 e) ln(0.25 √(9.369604404)) − 0.0010145421 ln(0.25 √(−9.369604404 + 0.00457665000 e) + 0.25 0.00530067407407 x) sinh(0.25 √(9.369604404 + 0.00530067407407 x) e)
− 0.0001120000 cosh(0.25 √(9.369604404 + 0.00530067407407 x) e) tanh(−9.369604404 + 0.00457665000) 0.25 cosh(0.25 √(9.369604404 + 0.00457665000) + 0.00530067407407 x e) tanh(−9.369604404 + 0.00457665000 e) ln(0.25)
(9.369604404 + 0.00457665000) ln(0.25 √(−9.369604404 + 0.0053007407407) x) e sinh(0.25 9.369604404) (9.369604404 + 0.0053007407407 x) sinh(0.25 √(−9.369604404 + 0.00457665000) e) cosh(0.25 x)
− 0.0010145421 ln(0.25 √(−9.369604404 + 0.00457665000 e) + 0.25 0.00530067407407 x) sinh(0.25 √(9.369604404 + 0.00530067407407 x) e) + 0.00095147407 √(9.369604404 + 0.00457665000) e tanh(0.25 √(−9.369604404 + 0.00530067407407 x) e)3/2
cosh(0.25 √(9.369604404 + 0.00457665000) + 0.00530067407407 x e) tanh(−9.369604404 + 0.00457665000 e) ln(0.25) √(9.369604404 + 0.00457665000 e) sinh(0.25 −9.369604404 + 0.00457665000 e) ln(0.25 √(9.369604404))
(9.369604404 + 0.0053007407407 x) sinh(0.25 √(−9.369604404 + 0.00457665000) e) cosh(0.25 x) − 0.0001120000 cosh(0.25 √(9.369604404 + 0.00530067407407 x) e) tanh(−9.369604404 + 0.00457665000) 0.25
+ 0.00095147407 √(9.369604404 + 0.00457665000) e tanh(0.25 √(−9.369604404 + 0.00530067407407 x) e)3/2 (9.369604404 + 0.00457665000) ln(0.25 √(−9.369604404 + 0.0053007407407) x) e sinh(0.25 9.369604404)
√(9.369604404 + 0.00457665000 e) sinh(0.25 −9.369604404 + 0.00457665000 e) ln(0.25 √(9.369604404)) − 0.0010145421 ln(0.25 √(−9.369604404 + 0.00457665000 e) + 0.25 0.00530067407407 x) sinh(0.25 √(9.369604404 + 0.00530067407407 x) e)
− 0.0001120000 cosh(0.25 √(9.369604404 + 0.00530067407407 x) e) tanh(−9.369604404 + 0.00457665000) 0.25 cosh(0.25 √(9.369604404 + 0.00457665000) + 0.00530067407407 x e) tanh(−9.369604404 + 0.00457665000 e) ln(0.25)
(9.369604404 + 0.00457665000) ln(0.25 √(−9.369604404 + 0.0053007407407) x) e sinh(0.25 9.369604404) (9.369604404 + 0.0053007407407 x) sinh(0.25 √(−9.369604404 + 0.00457665000) e) cosh(0.25 x)
− 0.0010145421 ln(0.25 √(−9.369604404 + 0.00457665000 e) + 0.25 0.00530067407407 x) sinh(0.25 √(9.369604404 + 0.00530067407407 x) e) + 0.00095147407 √(9.369604404 + 0.00457665000) e tanh(0.25 √(−9.369604404 + 0.00530067407407 x) e)3/2
cosh(0.25 √(9.369604404 + 0.00457665000) + 0.00530067407407 x e) tanh(−9.369604404 + 0.00457665000 e) ln(0.25) √(9.369604404 + 0.00457665000 e) sinh(0.25 −9.369604404 + 0.00457665000 e) ln(0.25 √(9.369604404))
(9.369604404 + 0.0053007407407 x) sinh(0.25 √(−9.369604404 + 0.00457665000) e) cosh(0.25 x) − 0.0001120000 cosh(0.25 √(9.369604404 + 0.00530067407407 x) e) tanh(−9.369604404 + 0.00457665000) 0.25
+ 0.00095147407 √(9.369604404 + 0.00457665000) e tanh(0.25 √(−9.369604404 + 0.00530067407407 x) e)3/2 (9.369604404 + 0.00457665000) ln(0.25 √(−9.369604404 + 0.0053007407407) x) e sinh(0.25 9.369604404)
√(9.369604404 + 0.00457665000 e) sinh(0.25 −9.369604404 + 0.00457665000 e) ln(0.25 √(9.369604404)) − 0.0010145421 ln(0.25 √(−9.369604404 + 0.00457665000 e) + 0.25 0.00530067407407 x) sinh(0.25 √(9.369604404 + 0.00530067407407 x) e)
− 0.0001120000 cosh(0.25 √(9.369604404 + 0.00530067407407 x) e) tanh(−9.369604404 + 0.00457665000) 0.25 cosh(0.25 √(9.369604404 + 0.00457665000) + 0.00530067407407 x e) tanh(−9.369604404 + 0.00457665000 e) ln(0.25)
(9.369604404 + 0.00457665000) ln(0.25 √(−9.369604404 + 0.0053007407407) x) e sinh(0.25 9.369604404) (9.369604404 + 0.0053007407407 x) sinh(0.25 √(−9.369604404 + 0.00457665000) e) cosh(0.25 x)
− 0.0010145421 ln(0.25 √(−9.369604404 + 0.00457665000 e) + 0.25 0.00530067407407 x) sinh(0.25 √(9.369604404 + 0.00530067407407 x) e) + 0.00095147407 √(9.369604404 + 0.00457665000) e tanh(0.25 √(−9.369604404 + 0.00530067407407 x) e)3/2
cosh(0.25 √(9.369604404 + 0.00457665000) + 0.00530067407407 x e) tanh(−9.369604404 + 0.00457665000 e) ln(0.25) √(9.369604404 + 0.00457665000 e) sinh(0.25 −9.369604404 + 0.00457665000 e) ln(0.25 √(9.369604404))
(9.369604404 + 0.0053007407407 x) sinh(0.25 √(−9.369604404 + 0.00457665000) e) cosh(0.25 x) − 0.0001120000 cosh(0.25 √(9.369604404 + 0.00530067407407 x) e) tanh(−9.369604404 + 0.00457665000) 0.25
+ 0.00095147407 √(9.369604404 + 0.00457665000) e tanh(0.25 √(−9.369604404 + 0.00530067407407 x) e)3/2 (9.369604404 + 0.00457665000) ln(0.25 √(−9.369604404 + 0.0053007407407) x) e sinh(0.25 9.369604404)
√(9.369604404 + 0.00457665000 e) sinh(0.25 −9.369604404 + 0.00457665000 e) ln(0.25 √(9.369604404)) − 0.0010145421 ln(0.25 √(−9.369604404 + 0.00457665000 e) + 0.25 0.00530067407407 x) sinh(0.25 √(9.369604404 + 0.00530067407407 x) e)
− 0.0001120000 cosh(0.25 √(9.369604404 + 0.00530067407407 x) e) tanh(−9.369604404 + 0.00457665000) 0.25 cosh(0.25 √(9.369604404 + 0.00457665000) + 0.00530067407407 x e) tanh(−9.369604404 + 0.00457665000 e) ln(0.25)
(9.369604404 + 0.00457665000) ln(0.25 √(−9.369604404 + 0.0053007407407) x) e sinh(0.25 9.369604404) (9.369604404 + 0.0053007407407 x) sinh(0.25 √(−9.369604404 + 0.00457665000) e) cosh(0.25 x)
− 0.0010145421 ln(0.25 √(−9.369604404 + 0.00457665000 e) + 0.25 0.00530067407407 x) sinh(0.25 √(9.369604404 + 0.00530067407407 x) e) + 0.00095147407 √(9.369604404 + 0.00457665000) e tanh(0.25 √(−9.369604404 + 0.00530067407407 x) e)3/2
cosh(0.25 √(9.369604404 + 0.00457665000) + 0.00530067407407 x e) tanh(−9.369604404 + 0.00457665000 e) ln(0.25) √(9.369604404 + 0.00457665000 e) sinh(0.25 −9.369604404 + 0.00457665000 e) ln(0.25 √(9.369604404))
(9.369604404 + 0.0053007407407 x) sinh(0.25 √(−9.369604404 + 0.00457665000) e) cosh(0.25 x) − 0.0001120000 cosh(0.25 √(9.369604404 + 0.00530067407407 x) e) tanh(−9.369604404 + 0.00457665000) 0.25
+ 0.00095147407 √(9.369604404 + 0.00457665000) e tanh(0.25 √(−9.369604404 + 0.00530067407407 x) e)3/2 (9.369604404 + 0.00457665000) ln(0.25 √(−9.369604404 + 0.0053007407407) x) e sinh(0.25 9.369604404)
√(9.369604404 + 0.00457665000 e) sinh(0.25 −9.369604404 + 0.00457665000 e) ln(0.25 √(9.369604404)) − 0.0010145421 ln(0.25 √(−9.369604404 + 0.00457665000 e) + 0.25 0.00530067407407 x) sinh(0.25 √(9.369604404 + 0.00530067407407 x) e)
− 0.0001120000 cosh(0.25 √(9.369604404 + 0.00530067407407 x) e) tanh(−9.369604404 + 0.00457665000) 0.25 cosh(0.25 √(9.369604404 + 0.00457665000) + 0.00530067407407 x e) tanh(−9.369604404 + 0.00457665000 e) ln(0.25)
(9.369604404 + 0.00457665000) ln(0.25 √(−9.369604404 + 0.0053007407407) x) e sinh(0.25 9.369604404) (9.369604404 + 0.0053007407407 x) sinh(0.25 √(−9.369604404 + 0.00457665000) e) cosh(0.25 x)
− 0.0010145421 ln(0.25 √(−9.369604404 + 0.00457665000 e) + 0.25 0.00530067407407 x) sinh(0.25 √(9.369604404 + 0.00530067407407 x) e) + 0.00095147407 √(9.369604404 + 0.00457665000) e tanh(0.25 √(−9.369604404 + 0.00530067407407 x) e)3/2
cosh(0.25 √(9.369604404 + 0.00457665000) + 0.00530067407407 x e) tanh(−9.369604404 + 0.00457665000 e) ln(0.25) √(9.369604404 + 0.00457665000 e) sinh(0.25 −9.369604404 + 0.00457665000 e) ln(0.25 √(9.369604404))
(9.369604404 + 0.0053007407407 x) sinh(0.25 √(−9.369604404 + 0.00457665000) e) cosh(0.25 x) − 0.0001120000 cosh(0.25 √(9.369604404 + 0.00530067407407 x) e) tanh(−9.369604404 + 0.00457665000) 0.25
+ 0.00095147407 √(9.369604404 + 0.00457665000) e tanh(0.25 √(−9.369604404 + 0.00530067407407 x) e)3/2 (9.369604404 + 0.00457665000) ln(0.25 √(−9.369604404 + 0.0053007407407) x) e sinh(0.25 9.369604404)
√(9.369604404 + 0.00457665000 e) sinh(0.25 −9.369604404 + 0.00457665000 e) ln(0.25 √(9.369604404)) − 0.0010145421 ln(0.25 √(−9.369604404 + 0.00457665000 e) + 0.25 0.00530067407407 x) sinh(0.25 √(9.369604404 + 0.00530067407407 x) e)
− 0.0001120000 cosh(0.25 √(9.369604404 + 0.00530067407407 x) e) tanh(−9.369604404 + 0.00457665000) 0.25 cosh(0.25 √(9.369604404 + 0.00457665000) + 0.00530067407407 x e) tanh(−9.369604404 + 0.00457665000 e) ln(0.25)
(9.369604404 + 0.00457665000) ln(0.25 √(−9.369604404 + 0.0053007407407) x) e sinh(0.25 9.369604404) (9.369604404 + 0.0053007407407 x) sinh(0.25 √(−9.369604404 + 0.00457665000) e) cosh(0.25 x)
− 0.0010145421 ln(0.25 √(−9.369604404 + 0.00457665000 e) + 0.25 0.00530067407407 x) sinh(0.25 √(9.369604404 + 0.00530067407407 x) e) + 0.00095147407 √(9.369604404 + 0.00457665000) e tanh(0.25 √(−9.369604404 + 0.00530067407407 x) e)3/2
cosh(0.25 √(9.369604404 + 0.00457665000) + 0.00530067407407 x e) tanh(−9.369604404 + 0.00457665000 e) ln(0.25) √(9.369604404 + 0.00457665000 e) sinh(0.25 −9.369604404 + 0.00457665000 e) ln(0.25 √(9.369604404))
(9.369604404 + 0.0053007407407 x) sinh(0.25 √(−9.369604404 + 0.00457665000) e) cosh(0.25 x) − 0.0001120000 cosh(0.25 √(9.369604404 + 0.00530067407407 x) e) tanh(−9.369604404 + 0.00457665000) 0.25
+ 0.00095147407 √(9.369604404 + 0.00457665000) e tanh(0.25 √(−9.369604404 + 0.00530067407407 x) e)3/2 (9.369604404 + 0.00457665000) ln(0.25 √(−9.369604404 + 0.0053007407407) x) e sinh(0.25 9.369604404)
√(9.369604404 + 0.00457665000 e) sinh(0.25 −9.369604404 + 0.00457665000 e) ln(0.25 √(9.369604404)) − 0.0010145421 ln(0.25 √(−9.369604404 + 0.00457665000 e) + 0.25 0.00530067407407 x) sinh(0.25 √(9.369604404 + 0.00530067407407 x) e)
− 0.0001120000 cosh(0.25 √(9.369604404 + 0.00530067407407 x) e) tanh(−9.369604404 + 0.00457665000) 0.25 cosh(0.25 √(9.369604404 + 0.00457665000) + 0.00530067407407 x e) tanh(−9.369604404 + 0.00457665000 e) ln(0.25)
(9.369604404 + 0.00457665000) ln(0.25 √(−9.369604404 + 0.0053007407407) x) e sinh(0.25 9.369604404) (9.369604404 + 0.0053007407407 x) sinh(0.25 √(−9.369604404 + 0.00457665000) e) cosh(0.25 x)
− 0.0010145421 ln(0.25 √(−9.369604404 + 0.00457665000 e) + 0.25 0.00530067407407 x) sinh(0.25 √(9.369604404 + 0.00530067407407 x) e) + 0.00095147407 √(9.369604404 + 0.00457665000) e tanh(0.25 √(−9.369604404 + 0.00530067407407 x) e)3/2
cosh(0.25 √(9.369604404 + 0.00457665000) + 0.00530067407407 x e) tanh(−9.369604404 + 0.00457665000 e) ln(0.25) √(9.369604404 + 0.00457665000 e) sinh(0.25 −9.369604404 + 0.00457665000 e) ln(0.25 √(9.369604404))
(9.369604404 + 0.0053007407407 x) sinh(0.25 √(−9.369604404 + 0.00457665000) e) cosh(0.25 x) − 0.0001120000 cosh(0.25 √(9.369604404 + 0.00530067407407 x) e) tanh(−9.369604404 + 0.00457665000) 0.25
+ 0.00095147407 √(9.369604404 + 0.00457665000) e tanh(0.25 √(−9.369604404 + 0.00530067407407 x) e)3/2 (9.369604404 + 0.00457665000) ln(0.25 √(−9.369604404 + 0.0053007407407) x) e sinh(0.25 9.369604404)
√(9.369604404 + 0.00457665000 e) sinh(0.25 −9.369604404 + 0.00457665000 e) ln(0.25 √(9.369604404)) − 0.0010145421 ln(0.25 √(−9.369604404 + 0.00457665000 e) + 0.25 0.00530067407407 x) sinh(0.25 √(9.369604404 + 0.00530067407407 x) e)
− 0.0001120000 cosh(0.25 √(9.369604404 + 0.00530067407407 x) e) tanh(−9.369604404 + 0.00457665000) 0.25 cosh(0.25 √(9.369604404 + 0.00457665000) + 0.00530067407407 x e) tanh(−9.369604404 + 0.00457665000 e) ln(0.25)
(9.369604404 + 0.00457665000) ln(0.25 √(−9.369604404 + 0.0053007407407) x) e sinh(0.25 9.369604404) (9.369604404 + 0.0053007407407 x) sinh(0.25 √(−9.369604404 + 0.00457665000) e) cosh(0.25 x)
− 0.0010145421 ln(0.25 √(−9.369604404 + 0.00457665000 e) + 0.25 0.00530067407407 x) sinh(0.25 √(9.369604404 + 0.00530067407407 x) e) + 0.00095147407 √(9.369604404 + 0.00457665000) e tanh(0.25 √(−9.369604404 + 0.00530067407407 x) e)3/2
cosh(0.25 √(9.369604404 + 0.00457665000) + 0.00530067407407 x e) tanh(−9.369604404 + 0.00457665000 e) ln(0.25) √(9.369604404 + 0.00457665000 e) sinh(0.25 −9.369604404 + 0.00457665000 e) ln(0.25 √(9.369604404))
(9.369604404 + 0.0053007407407 x) sinh(0.25 √(−9.369604404 + 0.00457665000) e) cosh(0.25 x) − 0.0001120000 cosh(0.25 √(9.369604404 + 0.00530067407407 x) e) tanh(−9.369604404 + 0.00457665000) 0.25
+ 0.00095147407 √(9.369604404 + 0.00457665000) e tanh(0.25 √(−9.369604404 + 0.00530067407407 x) e)3/2 (9.369604404 + 0.00457665000) ln(0.25 √(−9.369604404 + 0.0053007407407) x) e sinh(0.25 9.369604404)
√(9.369604404 + 0.00457665000 e) sinh(0.25 −9.369604404 + 0.00457665000 e) ln(0.25 √(9.369604404)) − 0.0010145421 ln(0.25 √(−9.369604404 + 0.00457665000 e) + 0.25 0.00530067407407 x) sinh(0.25 √(9.369604404 + 0.00530067407407 x) e)
− 0.0001120000 cosh(0.25 √(9.369604404 + 0.00530067407407 x) e) tanh(−9.369604404 + 0.00457665000) 0.25 cosh(0.25 √(9.369604404 + 0.00457665000) + 0.00530067407407 x e) tanh(−9.369604404 + 0.00457665000 e) ln(0.25)
(9.369604404 + 0.00457665000) ln(0.25 √(−9.369604404 + 0.0053007407407) x) e sinh(0.25 9.369604404) (9.369604404 + 0.0053007407407 x) sinh(0.25 √(−9.369604404 + 0.00457665000) e) cosh(0.25 x)
− 0.0010145421 ln(0.25 √(−9.369604404 + 0.00457665000 e) + 0.25 0.00530067407407 x) sinh(0.25 √(9.369604404 + 0.00530067407407 x) e) + 0.00095147407 √(9.369604404 + 0.00457665000) e tanh(0.25 √(−9.369604404 + 0.00530067407407 x) e)3/2
cosh(0.25 √(9.369604404 + 0.00457665000) + 0.00530067407407 x e) tanh(−9.369604404 + 0.00457665000 e) ln(0.25) √(9.369604404 + 0.00457665000 e) sinh(0.25 −9.369604404 + 0.00457665000 e) ln(0.25 √(9.369604404))
(9.369604404 + 0.0053007407407 x) sinh(0.25 √(−9.369604404 + 0.00457665000) e) cosh(0.25 x) − 0.0001120000 cosh(0.25 √(9.369604404 + 0.00530067407407 x) e) tanh(−9.369604404 + 0.00457665000) 0.25
+ 0.00095147407 √(9.369604404 + 0.00457665000) e tanh(0.25 √(−9.369604404 + 0.00530067407407 x) e)3/2 (9.369604404 + 0.00457665000) ln(0.25 √(−9.369604404 + 0.0053007407407) x) e sinh(0.25 9.369604404)
√(9.369604404 + 0.00457665000 e) sinh(0.25 −9.369604404 + 0.00457665000 e) ln(0.25 √(9.369604404)) − 0.0010145421 ln(0.25 √(−9.369604404 + 0.00457665000 e) + 0.25 0.00530067407407 x) sinh(0.25 √(9.369604404 + 0.00530067407407 x) e)
− 0.0001120000 cosh(0.25 √(9.369604404 + 0.00530067407407 x) e) tanh(−9.369604404 + 0.00457665000) 0.25 cosh(0.25 √(9.369604404 + 0.00457665000) + 0.00530067407407 x e) tanh(−9.369604404 + 0.00457665000 e) ln(0.25)
(9.369604404 + 0.00457665000) ln(0.25 √(−9.369604404 + 0.0053007407407) x) e sinh(0.25 9.369604404) (9.369604404 + 0.0053007407407 x) sinh(0.25 √(−9.369604404 + 0.00457665000) e) cosh(0.25 x)
− 0.0010145421 ln(0.25 √(−9.369604404 + 0.00457665000 e) + 0.25 0.00530067407407 x) sinh(0.25 √(9.369604404 + 0.00530067407407 x) e) + 0.00095147407 √(9.369604404 + 0.00457665000) e tanh(0.25 √(−9.369604404 + 0.00530067407407 x) e)3/2
cosh(0.25 √(9.369604404 + 0.00457665000) + 0.00530067407407 x e) tanh(−9.369604404 + 0.00457665000 e) ln(0.25) √(9.369604404 + 0.00457665000 e) sinh(0.25 −9.369604404 + 0.00457665000 e) ln(0.25 √(9.369604404))
(9.369604404 + 0.0053007407407 x) sinh(0.25 √(−9.369604404 + 0.00457665000) e) cosh(0.25 x) − 0.0001120000 cosh(0.25 √(9.369604404 + 0.00530067407407 x) e) tanh(−9.369604404 + 0.00457665000) 0.25
+ 0.00095147407 √(9.369604404 + 0.00457665000) e tanh(0.25 √(−9.369604404 + 0.00530067407407 x) e)3/2 (9.369604404 + 0.00457665000) ln(0.25 √(−9.369604404 + 0.0053007407407) x) e sinh(0.25 9.369604404)
√(9.369604404 + 0.00457665000 e) sinh(0.25 −9.369604404 + 0.00457665000 e) ln(0.25 √(9.369604404)) − 0.0010145421 ln(0.25 √(−9.369604404 + 0.00457665000 e) + 0.25 0.00530067407407 x) sinh(0.25 √(9.369604404 + 0.00530067407407 x) e)
− 0.0001120000 cosh(0.25 √(9.369604404 + 0.00530067407407 x) e) tanh(−9.369604404 + 0.00457665000) 0.25 cosh(0.25 √(9.369604404 + 0.00457665000) + 0.00530067407407 x e) tanh(−9.369604404 + 0.00457665000 e) ln(0.25)
(9.369604404 + 0.00457665000) ln(0.25 √(−9.369604404 + 0.0053007407407) x) e sinh(0.25 9.369604404) (9.369604404 + 0.0053007407407 x) sinh(0.25 √(−9.369604404 + 0.00457665000) e) cosh(0.25 x)
− 0.0010145421 ln(0.25 √(−9.369604404 + 0.00457665000 e) + 0.25 0.00530067407407 x) sinh(0.25 √(9.369604404 + 0.00530067407407 x) e) + 0.00095147407 √(9.369604404 + 0.00457665000) e tanh(0.25 √(−9.369604404 + 0.00530067407407 x) e)3/2
cosh(0.25 √(9.369604404 + 0.00457665000) + 0.00530067407407 x e) tanh(−9.369604404 + 0.00457665000 e) ln(0.25) √(9.369604404 + 0.00457665000 e) sinh(0.25 −9.369604404 + 0.00457665000 e) ln(0.25 √(9.369604404))
(9.369604404 + 0.0053007407407 x) sinh(0.25 √(−9.369604404 + 0.00457665000) e) cosh(0.25 x) − 0.0001120000 cosh(0.25 √(9.369604404 + 0.00530067407407 x) e) tanh(−9.369604404 + 0.00457665000) 0.25
+ 0.00095147407 √(9.369604404 + 0.00457665000) e tanh(0.25 √(−9.369604404 + 0.00530067407407 x) e)3/2 (9.369604404 + 0.00457665000) ln(0.25 √(−9.369604404 + 0.0053007407407) x) e sinh(0.25 9.369604404)
√(9.369604404 + 0.00457665000 e) sinh(0.25 −9.369604404 + 0.00457665000 e) ln(0.25 √(9.369604404)) − 0.0010145421 ln(0.25 √(−9.369604404 + 0.00457665000 e) + 0.25 0.00530067407407 x) sinh(0.25 √(9.369604404 + 0.00530067407407 x) e)
− 0.0001120000 cosh(0.25 √(9.369604404 + 0.00530067407407 x) e) tanh(−9.369604404 + 0.00457665000) 0.25 cosh(0.25 √(9.369604404 + 0.00457665000) + 0.00530067407407 x e) tanh(−9.369604404 + 0.00457665000 e) ln(0.25)
(9.369604404 + 0.00457665000) ln(0.25 √(−9.369604404 + 0.0053007407407) x) e sinh(0.25 9.369604404) (9.369604404 + 0.0053007407407 x) sinh(0.25 √(−9.369604404 + 0.00457665000) e) cosh(0.25 x)
− 0.0010145421 ln(0.25 √(−9.369604404 + 0.00457665000 e) + 0.25 0.00530067407407 x) sinh(0.25 √(9.369604404 + 0.00530067407407 x) e) + 0.00095147407 √(9.369604404 + 0.00457665000) e tanh(0.25 √(−9.369604404 + 0.00530067407407 x) e)3/2
cosh(0.25 √(9.369604404 + 0.00457665000) + 0.00530067407407 x e) tanh(−9.369604404 + 0.00457665000 e) ln(0.25) √(9.369604404 + 0.00457665000 e) sinh(0.25 −9.369604404 + 0.00457665000 e) ln(0.25 √(9.369604404))
(9.369604404 + 0.0053007407407 x) sinh(0.25 √(−9.369604404 + 0.00457665000) e) cosh(0.25 x) − 0.0001120000 cosh(0.25 √(9.369604404 + 0.00530067407407 x) e) tanh(−9.369604404 + 0.00457665000) 0.25
+ 0.00095147407 √(9.369604404 + 0.00457665000) e tanh(0.25 √(−9.369604404 + 0.00530067407407 x) e)3/2 (9.369604404 + 0.00457665000) ln(0.25 √(−9.369604404 + 0.0053007407407) x) e sinh(0.25 9.369604404)
√(9.369604404 + 0.00457665000 e) sinh(0.25 −9.369604404 + 0.00457665000 e) ln(0.25 √(9.369604404)) − 0.0010145421 ln(0.25 √(−9.369604404 + 0.00457665000 e) + 0.25 0.00530067407407 x) sinh(0.25 √(9.369604404 + 0.00530067407407 x) e)
− 0.0001120000 cosh(0.25 √(9.369604404 + 0.00530067407407 x) e) tanh(−9.369604404 + 0.00457665000) 0.25 cosh(0.25 √(9.369604404 + 0.00457665000) + 0.00530067407407 x e) tanh(−9.369604404 + 0.00457665000 e) ln(0.25)
(9.369604404 + 0.00457665000) ln(0.25 √(−9.369604404 + 0.0053007407407) x) e sinh(0.25 9.369604404) (9.369604404 + 0.0053007407407 x) sinh(0.25 √(−9.369604404 + 0.00457665000) e) cosh(0.25 x)
− 0.0010145421 ln(0.25 √(−9.369604404 + 0.00457665000 e) + 0.25 0.00530067407407 x) sinh(0.25 √(9.369604404 + 0.00530067407407 x) e) + 0.00095147407 √(9.369604404 + 0.00457665000) e tanh(0.25 √(−9.369604404 + 0.00530067407407 x) e)3/2
cosh(0.25 √(9.369604404 + 0.00457665000) + 0.00530067407407 x e) tanh(−9.369604404 + 0.00457665000 e) ln(0.25) √(9.369604404 + 0.00457665000 e) sinh(0.25 −9.369604404 + 0.00457665000 e) ln(0.25 √(9.369604404))
(9.369604404 + 0.0053007407407 x) sinh(0.25 √(−9.369604404 + 0.00457665000) e) cosh(0.25 x) − 0.0001120000 cosh(0.25 √(9.369604404 + 0.00530067407407 x) e) tanh(−9.369604404 + 0.00457665000) 0.25
+ 0.00095147407 √(9.369604404 + 0.00457665000) e tanh(0.25 √(−9.369604404 + 0.00530067407407 x) e)3/2 (9.369604404 + 0.00457665000) ln(0.25 √(−9.369604404 + 0.0053007407407) x) e sinh(0.25 9.369604404)
√(9.369604404 + 0.00457665000 e) sinh(0.25 −9.369604404 + 0.00457665000 e) ln(0.25 √(9.369604404)) − 0.0010145421 ln(0.25 √(−9.369604404 + 0.00457665000 e) + 0.25 0.00530067407407 x) sinh(0.25 √(9.369604404 + 0.00530067407407 x) e)
− 0.0001120000 cosh(0.25 √(9.369604404 + 0.00530067407407 x) e) tanh(−9.369604404 + 0.00457665000) 0.25 cosh(0.25 √(9.369604404 + 0.00457665000) + 0.00530067407407 x e) tanh(−9.369604404 + 0.00457665000 e) ln(0.25)
(9.369604404 + 0.00457665000) ln(0.25 √(−9.369604404 + 0.0053007407407) x) e sinh(0.25 9.369604404) (9.369604404 + 0.0053007407407 x) sinh(0.25 √(−9.369604404 + 0.00457665000) e) cosh(0.25 x)
− 0.0010145421 ln(0.25 √(−9.369604404 + 0.00457665000 e) + 0.25 0.00530067407407 x) sinh(0.25 √(9.369604404 + 0.00530067407407 x) e) + 0.00095147407 √(9.369604404 + 0.00457665000) e tanh(0.25 √(−9.369604404 + 0.00530067407407 x) e)3/2
cosh(0.25 √(9.369604404 + 0.00457665000) + 0.00530067407407 x e) tanh(−9.369604404 + 0.00457665000 e) ln(0.25) √(9.369604404 + 0.00457665000 e) sinh(0.25 −9.369604404 + 0.00457665000 e) ln(0.25 √(9.369604404))
(9.369604404 + 0.0053007407407 x) sinh(0.25 √(−9.369604404 + 0.00457665000) e) cosh(0.25 x) − 0.0001120000 cosh(0.25 √(9.369604404 + 0.00530067407407 x) e) tanh(−9.369604404 + 0.00457665000) 0.25
+ 0.00095147407 √(9.369604404 + 0.00457665000) e tanh(0.25 √(−9.369604404 + 0.00530067407407 x) e)3/2 (9.369604404 + 0.00457665000) ln(0.25 √(−9.369604404 + 0.0053007407407) x) e sinh(0.25 9.369604404)
√(9.369604404 + 0.00457665000 e) sinh(0.25 −9.369604404 + 0.00457665000 e) ln(0.25 √(9.369604404)) − 0.0010145421 ln(0.25 √(−9.369604404 + 0.00457665000 e) + 0.25 0.00530067407407 x) sinh(0.25 √(9.369604404 + 0.00530067407407 x) e)
− 0.0001120000 cosh(0.25 √(9.369604404 + 0.00530067407407 x) e) tanh(−9.369604404 + 0.00457665000) 0.25 cosh(0.25 √(9.369604404 + 0.00457665000) + 0.00530067407407 x e) tanh(−9.369604404 + 0.00457665000 e) ln(0.25)
(9.369604404 + 0.00457665000) ln(0.25 √(−9.369604404 + 0.0053007407407) x) e sinh(0.25 9.369604404) (9.369604404 + 0.0053007407407 x) sinh(0.25 √(−9.369604404 + 0.00457665000) e) cosh(0.25 x)
− 0.0010145421 ln(0.25 √(−9.369604404 + 0.00457665000 e) + 0.25 0.00530067407407 x) sinh(0.25 √(9.369604404 + 0.00530067407407 x) e) + 0.00095147407 √(9.369604404 + 0.00457665000) e tanh(0.25 √(−9.369604404 + 0.00530067407407 x) e)3/2
cosh(0.25 √(9.369604404 + 0.00457665000) + 0.00530067407407 x e) tanh(−9.369604404 + 0.00457665000 e) ln(0.25) √(9.369604404 + 0.00457665000 e) sinh(0.25 −9.369604404 + 0.00457665000 e) ln(0.25 √(9.369604404))
(9.369604404 + 0.0053007407407 x) sinh(0.25 √(−9.369604404 + 0.00457665000) e) cosh(0.25 x) − 0.0001120000 cosh(0.25 √(9.369604404 + 0.00530067407407 x) e) tanh(−9.369604404 + 0.00457665000) 0.25
+ 0.00095147407 √(9.369604404 + 0.00457665000) e tanh(0.25 √(−9.369604404 + 0.00530067407407 x) e)3/2 (9.369604404 + 0.00457665000) ln(0.25 √(−9.369604404 + 0.0053007407407) x) e sinh(0.25 9.369604404)
√(9.369604404 + 0.00457665000 e) sinh(0.25 −9.369604404 + 0.00457665000 e) ln(0.25 √(9.369604404)) − 0.0010145421 ln(0.25 √(−9.369604404 + 0.00457665000 e) + 0.25 0.00530067407407 x) sinh(0.25 √(9.369604404 + 0.00530067407407 x) e)
− 0.0001120000 cosh(0.25 √(9.369604404 + 0.00530067407407 x) e) tanh(−9.369604404 + 0.00457665000) 0.25 cosh(0.25 √(9.369604404 + 0.00457665000) + 0.00530067407407 x e) tanh(−9.369604404 + 0.00457665000 e) ln(0.25)
(9.369604404 + 0.00457665000) ln(0.25 √(−9.369604404 + 0.0053007407407) x) e sinh(0.25 9.369604404) (9.369604404 + 0.0053007407407 x) sinh(0.25 √(−9.369604404 + 0.00457665000) e) cosh(0.25 x)
− 0.0010145421 ln(0.25 √(−9.369604404 + 0.00457665000 e) + 0.25 0.00530067407407 x) sinh(0.25 √(9.369604404 + 0.00530067407407 x) e) + 0.00095147407 √(9.369604404 + 0.00457665000) e tanh(0.25 √(−9.369604404 + 0.00530067407407 x) e)3/2
cosh(0.25 √(9.369604404 + 0.00457665000) + 0.00530067407407 x e) tanh(−9.369604404 + 0.00457665000 e) ln(0.25) √(9.369604404 + 0.00457665000 e) sinh(0.25 −9.369604404 + 0.00457665000 e) ln(0.25 √(9.369604404))
(9.369604404 + 0.0053007407407 x) sinh(0.25 √(−9.369604404 + 0.00457665000) e) cosh(0.25 x) − 0.0001120000 cosh(0.25 √(9.369604404 + 0.00530067407407 x) e) tanh(−9.369604404 + 0.00457665000) 0.25
+ 0.00095147407 √(9.369604404 + 0.00457665000) e tanh(0.25 √(−9.369604404 + 0.00530067407407 x) e)3/2 (9.369604404 + 0.00457665000) ln(0.25 √(−9.369604404 + 0.0053007407407) x) e sinh(0.25 9.369604404)
√(9.369604404 + 0.00457665000 e) sinh(0.25 −9.369604404 + 0.00457665000 e) ln(0.25 √(9.369604404)) − 0.0010145421 ln(0.25 √(−9.369604404 + 0.00457665000 e) + 0.25 0.00530067407407 x) sinh(0.25 √(9.369604404 + 0.00530067407407 x) e)
− 0.0001120000 cosh(0.25 √(9.369604404 + 0.00530067407407 x) e) tanh(−9.369604404 + 0.00457665000) 0.25 cosh(0.25 √(9.369604404 + 0.00457665000) + 0.00530067407407 x e) tanh(−9.369604404 + 0.00457665000 e) ln(0.25)
(9.369604404 + 0.00457665000) ln(0.25 √(−9.369604404 + 0.0053007407407) x) e sinh(0.25 9.369604404) (9.369604404 + 0.0053007407407 x) sinh(0.25 √(−9.369604404 + 0.00457665000) e) cosh(0.25 x)
− 0.0010145421 ln(0.25 √(−9.369604404 + 0.00457665000 e) + 0.25 0.00530067407407 x) sinh(0.25 √(9.369604404 + 0.00530067407407 x) e) + 0.00095147407 √(9.369604404 + 0.00457665000) e tanh(0.25 √(−9.369604404 + 0.00530067407407 x) e)3/2
cosh(0.25 √(9.369604404 + 0.00457665000) + 0.00530067407407 x e) tanh(−9.369604404 + 0.00457665000 e) ln(0.25) √(9.369604404 + 0.00457665000 e) sinh(0.25 −9.369604404 + 0.00457665000 e) ln(0.25 √(9.369604404))
(9.369604404 + 0.0053007407407 x) sinh(0.25 √(−9.369604404 + 0.00457665000) e) cosh(0.25 x) − 0.0001120000 cosh(0.25 √(9.369604404 + 0.00530067407407 x) e) tanh(−9.369604404 + 0.00457665000) 0.25
+ 0.00095147407 √(9.369604404 + 0.00457665000) e tanh(0.25 √(−9.369604404 + 0.00530067407407 x) e)3/2 (9.369604404 + 0.00457665000) ln(0.25 √(−9.369604404 + 0.0053007407407) x) e sinh(0.25 9.369604404)
√(9.369604404 + 0.00457665000 e) sinh(0.25 −9.369604404 + 0.00457665000 e) ln(0.25 √(9.369604404)) − 0.0010145421 ln(0.25 √(−9.369604404 + 0.00457665000 e) + 0.25 0.00530067407407 x) sinh(0.25 √(9.369604404 + 0.00530067407407 x) e)
− 0.0001120000 cosh(0.25 √(9.369604404 + 0.00530067407407 x) e) tanh(−9.369604404 + 0.00457665000) 0.25 cosh(0.25 √(9.369604404 + 0.00457665000) + 0.00530067407407 x e) tanh(−9.369604404 + 0.00457665000 e) ln(0.25)
(9.369604404 + 0.00457665000) ln(0.25 √(−9.369604404 + 0.0053007407407) x) e sinh(0.25 9.369604404) (9.369604404 + 0.0053007407407 x) sinh(0.25 √(−9.369604404 + 0.00457665000) e) cosh(0.25 x)
− 0.0010145421 ln(0.25 √(−9.369604404 + 0.00457665000 e) + 0.25 0.00530067407407 x) sinh(0.25 √(9.369604404 + 0.00530067407407 x) e) + 0.00095147407 √(9.369604404 + 0.00457665000) e tanh(0.25 √(−9.369604404 + 0.00530067407407 x) e)3/2
cosh(0.25 √(9.369604404 + 0.00457665000) + 0.00530067407407 x e) tanh(−9.369604404 + 0.00457665000 e) ln(0.25) √(9.369604404 + 0.00457665000 e) sinh(0.25 −9.369604404 + 0.00457665000 e) ln(0.25 √(9.369604404))
(9.369604404 + 0.0053007407407 x) sinh(0.25 √(−9.369604404 + 0.00457665000) e) cosh(0.25 x) − 0.0001120000 cosh(0.25 √(9.369604404 + 0.00530067407407 x) e) tanh(−9.369604404 + 0.00457665000) 0.25
+ 0.00095147407 √(9.369604404 + 0.00457665000) e tanh(0.25 √(−9.369604404 + 0.00530067407407 x) e)3/2 (9.369604404 + 0.00457665000) ln(0.25 √(−9.369604404 + 0.0053007407407) x) e sinh(0.25 9.369604404)
√(9.369604404 + 0.00457665000 e) sinh(0.25 −9.369604404 + 0.00457665000 e) ln(0.25 √(9.369604404)) − 0.0010145421 ln(0.25 √(−9.369604404 + 0.00457665000 e) + 0.25 0.00530067407407 x) sinh(0.25 √(9.369604404 + 0.00530067407407 x) e)
− 0.0001120000 cosh(0.25 √(9.369604404 + 0.00530067407407 x) e) tanh(−9.369604404 + 0.00457665000) 0.25 cosh(0.25 √(9.369604404 + 0.00457665000) + 0.00530067407407 x e) tanh(−9.369604404 + 0.00457665000 e) ln(0.25)
(9.369604404 + 0.00457665000) ln(0.25 √(−9.369604404 + 0.0053007407407) x) e sinh(0.25 9.369604404) (9.369604404 + 0.0053007407407 x) sinh(0.25 √(−9.369604404 + 0.00457665000) e) cosh(0.25 x)
− 0.0010145421 ln(0.25 √(−9.369604404 + 0.00457665000 e) + 0.25 0.00530067407407 x) sinh(0.25 √(9.369604404 + 0.00530067407407 x) e) + 0.00095147407 √(9.369604404 + 0.00457665000) e tanh(0.25 √(−9.369604404 + 0.00530067407407 x) e)3/2
cosh(0.25 √(9.369604404 + 0.00457665000) + 0.00530067407407 x e) tanh(−9.369604404 + 0.00457665000 e) ln(0.25) √(9.369604404 + 0.00457665000 e) sinh(0.25 −9.369604404 + 0.00457665000 e) ln(0.25 √(9.369604404))
(9.369604404 + 0.0053007407407 x) sinh(0.25 √(−9.369604404 + 0.00457665000) e) cosh(0.25 x) − 0.0001120000 cosh(0.25 √(9.369604404 + 0.00530067407407 x) e) tanh(−9.369604404 + 0.00457665000) 0.25
+ 0.00095147407 √(9.369604404 + 0.00457665000) e tanh(0.25 √(−9.369604404 + 0.00530067407407 x) e)3/2 (9.369604404 + 0.00457665000) ln(0.25 √(−9.369604404 + 0.0053007407407) x) e sinh(0.25 9.369604404)
√(9.369604404 + 0.00457665000 e) sinh(0.25 −9.369604404 + 0.00457665000 e) ln(0.25 √(9.369604404)) − 0.0010145421 ln(0.25 √(−9.369604404 + 0.00457665000 e) + 0.25 0.00530067407407 x) sinh(0.25 √(9.369604404 + 0.00530067407407 x) e)
− 0.0001120000 cosh(0.25 √(9.369604404 + 0.00530067407407 x) e) tanh(−9.369604404 + 0.00457665000) 0.25 cosh(0.25 √(9.369604404 + 0.00457665000) + 0.00530067407407 x e) tanh(−9.369604404 + 0.00457665000 e) ln(0.25)
(9.369604404 + 0.00457665000) ln(0.25 √(−9.369604404 + 0.0053007407407) x) e sinh(0.25 9.369604404) (9.369604404 + 0.0053007407407 x) sinh(0.25 √(−9.369604404 + 0.00457665000) e) cosh(0.25 x)
− 0.0010145421 ln(0.25 √(−9.369604404 + 0.00457665000 e) + 0.25 0.00530067407407 x) sinh(0.25 √(9.369604404 + 0.00530067407407 x) e) + 0.00095147407 √(9.369604404 + 0.00457665000) e tanh(0.25 √(−9.369604404 + 0.00530067407407 x) e)3/2
cosh(0.25 √(9.369604404 + 0.00457665000) + 0.00530067407407 x e) tanh(−9.369604404 + 0.00457665000 e) ln(0.25) √(9.369604404 + 0.00457665000 e) sinh(0.25 −9.369604404 + 0.00457665000 e) ln(0.25 √(9.369604404))
(9.369604404 + 0.0053007407407 x) sinh(0.25 √(−9.369604404 + 0.00457665000) e) cosh(0.25 x) − 0.0001120000 cosh(0.25 √(9.369604404 + 0.00530067407407 x) e) tanh(−9.369604404 + 0.00457665000) 0.25
+ 0.00095147407 √(9.369604404 + 0.00457665000) e tanh(0.25 √(−9.369604404 + 0.00530067407407 x) e)3/2 (9.369604404 + 0.00457665000) ln(0.25 √(−9.369604404 + 0.0053007407407) x) e sinh(0.25 9.369604404)
√(9.369604404 + 0.00457665000 e) sinh(0.25 −9.369604404 + 0.00457665000 e) ln(0.25 √(9.369604404)) − 0.0010145421 ln(0.25 √(−9.369604404 + 0.00457665000 e) + 0.25 0.00530067407407 x) sinh(0.25 √(9.369604404 + 0.00530067407407 x) e)
− 0.0001120000 cosh(0.25 √(9.369604404 + 0.00530067407407 x) e) tanh(−9.369604404 + 0.00457665000) 0.25 cosh(0.25 √(9.369604404 + 0.00457665000) + 0.00530067407407 x e) tanh(−9.369604404 + 0.00457665000 e) ln(0.25)
(9.369604404 + 0.00457665000) ln(0.25 √(−9.369604404 + 0.0053007407407) x) e sinh(0.25 9.369604404) (9.369604404 + 0.0053007407407 x) sinh(0.25 √(−9.369604404 + 0.00457665000) e) cosh(0.25 x)
− 0.0010145421 ln(0.25 √(−9.369604404 + 0.00457665000 e) + 0.25 0.00530067407407 x) sinh(0.25 √(9.369604404 + 0.00530067407407 x) e) + 0.00095147407 √(9.369604404 + 0.00457665000) e tanh(0.25 √(−9.369604404 + 0.00530067407407 x) e)3/2
cosh(0.25 √(9.369604404 + 0.00457665000) + 0.00530067407407 x e) tanh(−9.369604404 + 0.00457665000 e) ln(0.25) √(9.369604404 + 0.00457665000 e) sinh(0.25 −9.369604404 + 0.00457665000 e) ln(0.25 √(9.369604404))
(9.369604404 + 0.0053007407407 x) sinh(0.25 √(−9.369604404 + 0.00457665000) e) cosh(0.25 x) − 0.0001120000 cosh(0.25 √(9.369604404 + 0.00530067407407 x) e) tanh(−9.369604404 + 0.00457665000) 0.25
+ 0.00095147407 √(9.369604404 + 0.00457665000) e tanh(0.25 √(−9.369604404 + 0.00530067407407 x) e)3/2 (9.369604404 + 0.00457665000) ln(0.25 √(−9.369604404 + 0.0053007407407) x) e sinh(0.25 9.369604404)
√(9.369604404 + 0.00457665000 e) sinh(0.25 −9.369604404 + 0.00457665000 e) ln(0.25 √(9.369604404)) − 0.0010145421 ln(0.25 √(−9.369604404 + 0.00457665000 e) + 0.25 0.00530067407407 x) sinh(0.25 √(9.369604404 + 0.00530067407407 x) e)
− 0.0001120000 cosh(0.25 √(9.369604404 + 0.00530067407407 x) e) tanh(−9.369604404 + 0.00457665000) 0.25 cosh(0.25 √(9.369604404 + 0.00457665000) + 0.00530067407407 x e) tanh(−9.369604404 + 0.00457665000 e) ln(0.25)
(9.369604404 + 0.00457665000) ln(0.25 √(−9.369604404 + 0.0053007407407) x) e sinh(0.25 9.369604404) (9.369604404 + 0.0053007407407 x) sinh(0.25 √(−9.369604404 + 0.00457665000) e) cosh(0.25 x)
− 0.0010145421 ln(0.25 √(−9.369604404 + 0.00457665000 e) + 0.25 0.00530067407407 x) sinh(0.25 √(9.369604404 + 0.00530067407407 x) e) + 0.00095147407 √(9.369604404 + 0.00457665000) e tanh(0.25 √(−9.369604404 + 0.00530067407407 x) e)3/2
cosh(0.25 √(9.369604404 + 0.00457665000) + 0.00530067407407 x e) tanh(−9.369604404 + 0.00457665000 e) ln(0.25) √(9.369604404 + 0.00457665000 e) sinh(0.25 −9.369604404 + 0.00457665000 e) ln(0.25 √(9.369604404))
(9.369604404 + 0.0053007407407 x) sinh(0.25 √(−9.369604404 + 0.00457665000) e) cosh(0.25 x) − 0.0001120000 cosh(0.25 √(9.369604404 + 0.00530067407407 x) e) tanh(−9.369604404 + 0.00457665000) 0.25
+ 0.00095147407 √(9.369604404 + 0.00457665000) e tanh(0.25 √(−9.369604404 + 0.00530067407407 x) e)3/2 (9.369604404 + 0.00457665000) ln(0.25 √(−9.369604404 + 0.0053007407407) x) e sinh(0.25 9.369604404)
√(9.369604404 + 0.00457665000 e) sinh(0.25 −9.369604404 + 0.00457665000 e) ln(0.25 √(9.369604404)) − 0.0010145421 ln(0.25 √(−9.369604404 + 0.00457665000 e) + 0.25 0.00530067407407 x) sinh(0.25 √(9.369604404 + 0.00530067407407 x) e)
− 0.0001120000 cosh(0.25 √(9.369604404 + 0.00530067407407 x) e) tanh(−9.369604404 + 0.00457665000) 0.25 cosh(0.25 √(9.369604404 + 0.00457665000) + 0.00530067407407 x e) tanh(−9.369604404 + 0.00457665000 e) ln(0.25)
(9.369604404 + 0.00457665000) ln(0.25 √(−9.369604404 + 0.0053007407407) x) e sinh(0.25 9.369604404) (9.369604404 + 0.0053007407407 x) sinh(0.25 √(−9.369604404 + 0.00457665000) e) cosh(0.25 x)
− 0.0010145421 ln(0.25 √(−9.369604404 + 0.00457665000 e) + 0.25 0.00530067407407 x) sinh(0.25 √(9.369604404 + 0.00530067407407 x) e) + 0.00095147407 √(9.369604404 + 0.00457665000) e tanh(0.25 √(−9.369604404 + 0.00530067407407 x) e)3/2
cosh(0.25 √(9.369604404 + 0.00457665000) + 0.00530067407407 x e) tanh(−9.369604404 + 0.00457665000 e) ln(0.25) √(9.369604404 + 0.00457665000 e) sinh(0.25 −9.369604404 + 0.00457665000 e) ln(0.25 √(9.369604404))
(9.369604404 + 0.0053007407407 x) sinh(0.25 √(−9.369604404 + 0.00457665000) e) cosh(0.25 x) − 0.0001120000 cosh(0.25 √(9.369604404 + 0.00530067407407 x) e) tanh(−9.369604404 + 0.00457665000) 0.25
+ 0.00095147407 √(9.369604404 + 0.00457665000) e tanh(0.25 √(−9.369604404 + 0.00530067407407 x) e)3/2 (9.369604404 + 0.00457665000) ln(0.25 √(−9.369604404 + 0.0053007407407) x) e sinh(0.25 9.369604404)
√(9.369604404 + 0.00457665000 e) sinh(0.25 −9.369604404 + 0.00457665000 e) ln(0.25 √(9.369604404)) − 0.0010145421 ln(0.25 √(−9.369604404 + 0.00457665000 e) + 0.25 0.00530067407407 x) sinh(0.25 √(9.369604404 + 0.00530067407407 x) e)
− 0.0001120000 cosh(0.25 √(9.369604404 + 0.00530067407407 x) e) tanh(−9.369604404 + 0.00457665000) 0.25 cosh(0.25 √(9.369604404 + 0.00457665000) + 0.00530067407407 x e) tanh(−9.369604404 + 0.00457665000 e) ln(0.25)
(9.369604404 + 0.00457665000) ln(0.25 √(−9.369604404 + 0.0053007407407) x) e sinh(0.25 9.369604404) (9.369604404 + 0.0053007407407 x) sinh(0.25 √(−9.369604404 + 0.00457665000) e) cosh(0.25 x)
− 0.0010145421 ln(0.25 √(−9.369604404 + 0.00457665000 e) + 0.25 0.00530067407407 x) sinh(0.25 √(9.369604404 + 0.00530067407407 x) e) + 0.00095147407 √(9.369604404 + 0.00457665000) e tanh(0.25 √(−9.369604404 + 0.00530067407407 x) e)3/2
cosh(0.25 √(9.369604404 + 0.00457665000) + 0.00530067407407 x e) tanh(−9.369604404 + 0.00457665000 e) ln(0.25) √(9.369604404 + 0.00457665000 e) sinh(0.25 −9.369604404 + 0.00457665000 e) ln(0.25 √(9.369604404))
(9.369604404 + 0.0053007407407 x) sinh(0.25 √(−9.369604404 + 0.00457665000) e) cosh(0.25 x) − 0.0001120000 cosh(0.25 √(9.369604404 + 0.00530067407407 x) e) tanh(−9.369604404 + 0.00457665000) 0.25
+ 0.00095147407 √(9.369604404 + 0.00457665000) e tanh(0.25 √(−9.369604404 + 0.00530067407407 x) e)3/2 (9.369604404 + 0.00457665000) ln(0.25 √(−9.369604404 + 0.0053007407407) x) e sinh(0.25 9.369604404)
√(9.369604404 + 0.00457665000 e) sinh(0.25 −9.369604404 + 0.00457665000 e) ln(0.25 √(9.369604404)) − 0.0010145421 ln(0.25 √(−9.369604404 + 0.00457665000 e) + 0.25 0.00530067407407 x) sinh(0.25 √(9.369604404 + 0.00530067407407 x) e)
− 0.0001120000 cosh(0.25 √(9.369604404 + 0.00530067407407 x) e) tanh(−9.369604404 + 0.00457665000) 0.25 cosh(0.25 √(9.369604404 + 0.00457665000) + 0.00530067407407 x e) tanh(−9.369604404 + 0.00457665000 e) ln(0.25)
(9.369604404 + 0.00457665000) ln(0.25 √(−9.369604404 + 0.0053007407407) x) e sinh(0.25 9.369604404) (9.369604404 + 0.0053007407407 x) sinh(0.25 √(−9.369604404 + 0.00457665000) e) cosh(0.25 x)
− 0.0010145421 ln(0.25 √(−9.369604404 + 0.00457665000 e) + 0.25 0.00530067407407 x) sinh(0.25 √(9.369604404 + 0.00530067407407 x) e) + 0.00095147407 √(9.369604404 + 0.00457665000) e tanh(0.25 √(−9.369604404 + 0.00530067407407 x) e)3/2
cosh(0.25 √(9.369604404 + 0.00457665000) + 0.00530067407407 x e) tanh(−9.369604404 + 0.00457665000 e) ln(0.25) √(9.369604404 + 0.00457665000 e) sinh(0.25 −9.369604404 + 0.00457665000 e) ln(0.25 √(9.369604404))
(9.369604404 + 0.0053007407407 x) sinh(0.25 √(−9.369604404 + 0.00457665000) e) cosh(0.25 x) − 0.0001120000 cosh(0.25 √(9.369604404 + 0.00530067407407 x) e) tanh(−9.369604404 + 0.00457665000) 0.25
+ 0.00095147407 √(9.369604404 + 0.00457665000) e tanh(0.25 √(−9.369604404 + 0.00530067407407 x) e)3/2 (9.369604404 + 0.00457665000) ln(0.25 √(−9.369604404 + 0.0053007407407) x) e sinh(0.25 9.369604404)
√(9.369604404 + 0.00457665000 e) sinh(0.25 −9.369604404 + 0.00457665000 e) ln(0.25 √(9.369604404)) − 0.0010145421 ln(0.25 √(−9.369604404 + 0.00457665000 e) + 0.25 0.00530067407407 x) sinh(0.25 √(9.369604404 + 0.00530067407407 x) e)
− 0.0001120000 cosh(0.25 √(9.369604404 + 0.00530067407407 x) e) tanh(−9.369604404 + 0.00457665000) 0.25 cosh(0.25 √(9.369604404 + 0.00457665000) + 0.00530067407407 x e) tanh(−9.369604404 + 0.00457665000 e) ln(0.25)
(9.369604404 + 0.00457665000) ln(0.25 √(−9.369604404 + 0.0053007407407) x) e sinh(0.25 9.369604404) (9.369604404 + 0.0053007407407 x) sinh(0.25 √(−9.369604404 + 0.00457665000) e) cosh(0.25 x)
− 0.0010145421 ln(0.25 √(−9.369604404 + 0.00457665000 e) + 0.25 0.00530067407407 x) sinh(0.25 √(9.369604404 + 0.00530067407407 x) e) + 0.00095147407 √(9.369604404 + 0.00457665000) e tanh(0.25 √(−9.369604404 + 0.00530067407407 x) e)3/2
cosh(0.25 √(9.369604404 + 0.00457665000) + 0.00530067407407 x e) tanh(−9.369604404 + 0.00457665000 e) ln(0.25) √(9.369604404 + 0.00457665000 e) sinh(0.25 −9.369604404 + 0.00457665000 e) ln(0.25 √(9.369604404))
(9.369604404 + 0.0053007407407 x) sinh(0.25 √(−9.369604404 + 0.00457665000) e) cosh(0.25 x) − 0.0001120000 cosh(0.25 √(9.369604404 + 0.00530067407407 x) e) tanh(−9.369604404 + 0.00457665000) 0.25
+ 0.00095147407 √(9.369604404 + 0.00457665000) e tanh(0.25 √(−9.369604404 + 0.00530067407407 x) e)3/2 (9.369604404 + 0.00457665000) ln(0.25 √(−9.369604404 + 0.0053007407407) x) e sinh(0.25 9.369604404)
√(9.369604404 + 0.00457665000 e) sinh(0.25 −9.369604404 + 0.00457665000 e) ln(0.25 √(9.369604404)) − 0.0010145421 ln(0.25 √(−9.369604404 + 0.00457665000 e) + 0.25 0.00530067407407 x) sinh(0.25 √(9.369604404 + 0.00530067407407 x) e)
− 0.0001120000 cosh(0.25 √(9.369604404 + 0.00530067407407 x) e) tanh(−9.369604404 + 0.00457665000) 0.25 cosh(0.25 √(9.369604404 + 0.00457665000) + 0.00530067407407 x e) tanh(−9.369604404 + 0.00457665000 e) ln(0.25)
(9.369604404 + 0.00457665000) ln(0.25 √(−9.369604404 + 0.0053007407407) x) e sinh(0.25 9.369604404) (9.369604404 + 0.0053007407407 x) sinh(0.25 √(−9.369604404 + 0.00457665000) e) cosh(0.25 x)
− 0.0010145421 ln(0.25 √(−9.369604404 + 0.00457665000 e) + 0.25 0.00530067407407 x) sinh(0.25 √(9.369604404 + 0.00530067407407 x) e) + 0.00095147407 √(9.369604404 + 0.00457665000) e tanh(0.25 √(−9.369604404 + 0.00530067407407 x) e)3/2
cosh(0.25 √(9.369604404 + 0.00457665000) + 0.00530067407407 x e) tanh(−9.369604404 + 0.00457665000 e) ln(0.25) √(9.369604404 + 0.00457665000 e) sinh(0.25 −9.369604404 + 0.00457665000 e) ln(0.25 √(9.369604404))
(9.369604404 + 0.0053007407407 x) sinh(0.25 √(−9.369604404 + 0.00457665000) e) cosh(0.25 x) − 0.0001120000 cosh(0.25 √(9.369604404 + 0.00530067407407 x) e) tanh(−9.369604404 + 0.00457665000) 0.25
+ 0.00095147407 √(9.369604404 + 0.00457665000) e tanh(0.25 √(−9.369604404 + 0.00530067407407 x) e)3/2 (9.369604404 + 0.00457665000) ln(0.25 √(−9.369604404 + 0.0053007407407) x) e sinh(0.25 9.369604404)
√(9.369604404 + 0.00457665000 e) sinh(0.25 −9.369604404 + 0.00457665000 e) ln(0.25 √(9.369604404)) − 0.0010145421 ln(0.25 √(−9.369604404 + 0.00457665000 e) + 0.25 0.00530067407407 x) sinh(0.25 √(9.369604404 + 0.00530067407407 x) e)
− 0.0001120000 cosh(0.25 √(9.369604404 + 0.00530067407407 x) e) tanh(−9.369604404 + 0.00457665000) 0.25 cosh(0.25 √(9.369604404 + 0.00457665000) + 0.00530067407407 x e) tanh(−9.369604404 + 0.00457665000 e) ln(0.25)
(9.369604404 + 0.00457665000) ln(0.25 √(−9.369604404 + 0.0053007407407) x) e sinh(0.25 9.369604404) (9.369604404 + 0.0053007407407 x) sinh(0.25 √(−9.369604404 + 0.00457665000) e) cosh(0.25 x)
− 0.0010145421 ln(0.25 √(−9.369604404 + 0.00457665000 e) + 0.25 0.00530067407407 x) sinh(0.25 √(9.369604404 + 0.00530067407407 x) e) + 0.00095147407 √(9.369604404 + 0.00457665000) e tanh(0.25 √(−9.369604404 + 0.00530067407407 x) e)3/2
cosh(0.25 √(9.369604404 + 0.00457665000) + 0.00530067407407 x e) tanh(−9.369604404 + 0.00457665000 e) ln(0.25) √(9.369604404 + 0.00457665000 e) sinh(0.25 −9.369604404 + 0.00457665000 e) ln(0.25 √(9.369604404))
(9.369604404 + 0.0053007407407 x) sinh(0.25 √(−9.369604404 + 0.00457665000) e) cosh(0.25 x) − 0.0001120000 cosh(0.25 √(9.369604404 + 0.00530067407407 x) e) tanh(−9.369604404 + 0.00457665000) 0.25
+ 0.00095147407 √(9.369604404 + 0.00457665000) e tanh(0.25 √(−9.369604404 + 0.00530067407407 x) e)3/2 (9.369604404 + 0.00457665000) ln(0.25 √(−9.369604404 + 0.0053007407407) x) e sinh(0.25 9.369604404)
√(9.369604404 + 0.00457665000 e) sinh(0.25 −9.369604404 + 0.00457665000 e) ln(0.25 √(9.369604404)) − 0.0010145421 ln(0.25 √(−9.369604404 + 0.00457665000 e) + 0.25 0.00530067407407 x) sinh(0.25 √(9.369604404 + 0.00530067407407 x) e)
− 0.0001120000 cosh(0.25 √(9.369604404 + 0.00530067407407 x) e) tanh(−9.369604404 + 0.00457665000) 0.25 cosh(0.25 √(9.369604404 + 0.00457665000) + 0.00530067407407 x e) tanh(−9.369604404 + 0.00457665000 e) ln(0.25)
(9.369604404 + 0.00457665000) ln(0.25 √(−9.369604404 + 0.0053007407407) x) e sinh(0.25 9.369604404) (9.369604404 + 0.0053007407407 x) sinh(0.25 √(−9.369604404 + 0.00457665000) e) cosh(0.25 x)
− 0.0010145421 ln(0.25 √(−9.369604404 + 0.00457665000 e) + 0.25 0.00530067407407 x) sinh(0.25 √(9.369604404 + 0.00530067407407 x) e) + 0.00095147407 √(9.369604404 + 0.00457665000) e tanh(0.25 √(−9.369604404 + 0.00530067407407 x) e)3/2
cosh(0.25 √(9.369604404 + 0.00457665000) + 0.00530067407407 x e) tanh(−9.369604404 + 0.00457665000 e) ln(0.25) √(9.369604404 + 0.00457665000 e) sinh(0.25 −9.369604404 + 0.00457665000 e) ln(0.25 √(9.369604404))
(9.369604404 + 0.0053007407407 x) sinh(0.25 √(−9.369604404 + 0.00457665000) e) cosh(0.25 x) − 0.0001120000 cosh(0.25 √(9.369604404 + 0.00530067407407 x) e) tanh(−9.369604404 + 0.00457665000) 0.25
+ 0.00095147407 √(9.369604404 + 0.00457665000) e tanh(0.25 √(−9.369604404 + 0.00530067407407 x) e)3/2 (9.369604404 + 0.00457665000) ln(0.25 √(−9.369604404 + 0.0053007407407) x) e sinh(0.25 9.369604404)
√(9.369604404 + 0.00457665000 e) sinh(0.25 −9.369604404 + 0.00457665000 e) ln(0.25 √(9.369604404)) − 0.0010145421 ln(0.25 √(−9.369604404 + 0.00457665000 e) + 0.25 0.00530067407407 x) sinh(0.25 √(9.369604404 + 0.00530067407407 x) e)
− 0.0001120000 cosh(0.25 √(9.369604404 + 0.00530067407407 x) e) tanh(−9.369604404 + 0.00457665000) 0.25 cosh(0.25 √(9.369604404 + 0.00457665000) + 0.00530067407407 x e) tanh(−9.369604404 + 0.00457665000 e) ln(0.25)
(9.369604404 + 0.00457665000) ln(0.25 √(−9.369604404 + 0.0053007407407) x) e sinh(0.25 9.369604404) (9.369604404 + 0.0053007407407 x) sinh(0.25 √(−9.369604404 + 0.00457665000) e) cosh(0.25 x)
− 0.0010145421 ln(0.25 √(−9.369604404 + 0.00457665000 e) + 0.25 0.00530067407407 x) sinh(0.25 √(9.369604404 + 0.00530067407407 x) e) + 0.00095147407 √(9.369604404 + 0.00457665000) e tanh(0.25 √(−9.369604404 + 0.00530067407407 x) e)3/2
cosh(0.25 √(9.369604404 + 0.00457665000) + 0.00530067407407 x e) tanh(−9.369604404 + 0.00457665000 e) ln(0.25) √(9.369604404 + 0.00457665000 e) sinh(0.25 −9.369604404 + 0.00457665000 e) ln(0.25 √(9.369604404))
(9.369604404 + 0.0053007407407 x) sinh(0.25 √(−9.369604404 + 0.00457665000) e) cosh(0.25 x) − 0.0001120000 cosh(0.25 √(9.369604404 + 0.00530067407407 x) e) tanh(−9.369604404 + 0.00457665000) 0.25
+ 0.00095147407 √(9.369604404 + 0.00457665000) e tanh(0.25 √(−9.369604404 + 0.00530067407407 x) e)3/2 (9.369604404 + 0.00457665000) ln(0.25 √(−9.369604404 + 0.0053007407407) x) e sinh(0.25 9.369604404)
√(9.369604404 + 0.00457665000 e) sinh(0.25 −9.369604404 + 0.00457665000 e) ln(0.25 √(9.369604404)) − 0.0010145421 ln(0.25 √(−9.369604404 + 0.00457665000 e) + 0.25 0.00530067407407 x) sinh(0.25 √(9.369604404 + 0.00530067407407 x) e)
− 0.0001120000 cosh(0.25 √(9.369604404 + 0.00530067407407 x) e) tanh(−9.369604404 + 0.00457665000) 0.25 cosh(0.25 √(9.369604404 + 0.00457665000) + 0.00530067407407 x e) tanh(−9.369604404 + 0.00457665000 e) ln(0.25)
(9.369604404 + 0.00457665000) ln(0.25 √(−9.369604404 + 0.0053007407407) x) e sinh(0.25 9.369604404) (9.369604404 + 0.0053007407407 x) sinh(0.25 √(−9.369604404 + 0.00457665000) e) cosh(0.25 x)
− 0.0010145421 ln(0.25 √(−9.369604404 + 0.00457665000 e) + 0.25 0.00530067407407 x) sinh(0.25 √(9.369604404 + 0.00530067407407 x) e) + 0.00095147407 √(9.369604404 + 0.00457665000) e tanh(0.25 √(−9.369604404 + 0.00530067407407 x) e)3/2
cosh(0.25 √(9.369604404 + 0.00457665000) + 0.00530067407407 x e) tanh(−9.369604404 + 0.00457665000 e) ln(0.25) √(9.369604404 + 0.00457665000 e) sinh(0.25 −9.369604404 + 0.00457665000 e) ln(0.25 √(9.369604404))
(9.369604404 + 0.0053007407407 x) sinh(0.25 √(−9.369604404 + 0.00457665000) e) cosh(0.25 x) − 0.0001120000 cosh(0.25 √(9.369604404 + 0.00530067407407 x) e) tanh(−9.369604404 + 0.00457665000) 0.25
+ 0.00095147407 √(9.369604404 + 0.00457665000) e tanh(0.25 √(−9.369604404 + 0.00530067407407 x) e)3/2 (9.369604404 + 0.00457665000) ln(0.25 √(−9.369604404 + 0.0053007407407) x) e sinh(0.25 9.369604404)
√(9.369604404 + 0.00457665000 e) sinh(0.25 −9.369604404 + 0.00457665000 e) ln(0.25 √(9.369604404)) − 0.0010145421 ln(0.25 √(−9.369604404 + 0.00457665000 e) + 0.25 0.00530067407407 x) sinh(0.25 √(9.369604404 + 0.00530067407407 x) e)
− 0.0001120000 cosh(0.25 √(9.369604404 + 0.00530067407407 x) e) tanh(−9.369604404 + 0.00457665000) 0.25 cosh(0.25 √(9.369604404 + 0.00457665000) + 0.00530067407407 x e) tanh(−9.369604404 + 0.00457665000 e) ln(0.25)
(9.369604404 + 0.00457665000) ln(0.25 √(−9.369604404 + 0.0053007407407) x) e sinh(0.25 9.369604404) (9.369604404 + 0.0053007407407 x) sinh(0.25 √(−9.369604404 + 0.00457665000) e) cosh(0.25 x)
− 0.0010145421 ln(0.25 √(−9.369604404 + 0.00457665000 e) + 0.25 0.00530067407407 x) sinh(0.25 √(9.369604404 + 0.00530067407407 x) e) + 0.00095147407 √(9.369604404 + 0.00457665000) e tanh(0.25 √(−9.369604404 + 0.00530067407407 x) e)3/2
cosh(0.25 √(9.369604404 + 0.00457665000) + 0.00530067407407 x e) tanh(−9.369604404 + 0.00457665000 e) ln(0.25) √(9.369604404 + 0.00457665000 e) sinh(0.25 −9.369604404 + 0.00457665000 e) ln(0.25 √(9.369604404))
(9.369604404 + 0.0053007407407 x) sinh(0.25 √(−9.369604404 + 0.00457665000) e) cosh(0.25 x) − 0.0001120000 cosh(0.25 √(9.369604404 + 0.00530067407407 x) e) tanh(−9.369604404 + 0.00457665000) 0.25
+ 0.00095147407 √(9.369604404 + 0.00457665000) e tanh(0.25 √(−9.369604404 + 0.00530067407407 x) e)3/2 (9.369604404 + 0.00457665000) ln(0.25 √(−9.369604404 + 0.0053007407407) x) e sinh(0.25 9.369604404)
√(9.369604404 + 0.00457665000 e) sinh(0.25 −9.369604404 + 0.00457665000 e) ln(0.25 √(9.369604404)) − 0.0010145421 ln(0.25 √(−9.369604404 + 0.00457665000 e) + 0.25 0.00530067407407 x) sinh(0.25 √(9.369604404 + 0.00530067407407 x) e)
− 0.0001120000 cosh(0.25 √(9.369604404 + 0.00530067407407 x) e) tanh(−9.369604404 + 0.00457665000) 0.25 cosh(0.25 √(9.369604404 + 0.00457665000) + 0.00530067407407 x e) tanh(−9.369604404 + 0.00457665000 e) ln(0.25)
(9.369604404 + 0.00457665000) ln(0.25 √(−9.369604404 + 0.0053007407407) x) e sinh(0.25 9.369604404) (9.369604404 + 0.0053007407407 x) sinh(0.25 √(−9.369604404 + 0.00457665000) e) cosh(0.25 x)
− 0.0010145421 ln(0.25 √(−9.369604404 + 0.00457665000 e) + 0.25 0.00530067407407 x) sinh(0.25 √(9.369604404 + 0.00530067407407 x) e) + 0.00095147407 √(9.369604404 + 0.00457665000) e tanh(0.25 √(−9.369604404 + 0.00530067407407 x) e)3/2
cosh(0.25 √(9.369604404 + 0.00457665000) + 0.00530067407407 x e) tanh(−9.369604404 + 0.00457665000 e) ln(0.25) √(9.369604404 + 0.00457665000 e) sinh(0.25 −9.369604404 + 0.00457665000 e) ln(0.25 √(9.369604404))
(9.369604404 + 0.0053007407407 x) sinh(0.25 √(−9.369604404 + 0.00457665000) e) cosh(0.25 x) − 0.0001120000 cosh(0.25 √(9.369604404 + 0.00530067407407 x) e) tanh(−9.369604404 + 0.00457665000) 0.25
+ 0.00095147407 √(9.369604404 + 0.00457665000) e tanh(0.25 √(−9.369604404 + 0.00530067407407 x) e)3/2 (9.369604404 + 0.00457665000) ln(0.25 √(−9.369604404 + 0.0053007407407) x) e sinh(0.25 9.369604404)
√(9.369604404 + 0.00457665000 e) sinh(0.25 −9.369604404 + 0.00457665000 e) ln(0.25 √(9.369604404)) − 0.0010145421 ln(0.25 √(−9.369604404 + 0.00457665000 e) + 0.25 0.00530067407407 x) sinh(0.25 √(9.369604404 + 0.00530067407407 x) e)
− 0.0001120000 cosh(0.25 √(9.369604404 + 0.00530067407407 x) e) tanh(−9.369604404 + 0.00457665000) 0.25 cosh(0.25 √(9.369604404 + 0.00457665000) + 0.00530067407407 x e) tanh(−9.369604404 + 0.00457665000 e) ln(0.25)
(9.369604404 + 0.00457665000) ln(0.25 √(−9.369604404 + 0.0053007407407) x) e sinh(0.25 9.369604404) (9.369604404 + 0.0053007407407 x) sinh(0.25 √(−9.369604404 + 0.00457665000) e) cosh(0.25 x)
− 0.0010145421 ln(0.25 √(−9.369604404 + 0.00457665000 e) + 0.25 0.00530067407407 x) sinh(0.25 √(9.369604404 + 0.00530067407407 x) e) + 0.00095147407 √(9.369604404 + 0.00457665000) e tanh(0.25 √(−9.369604404 + 0.00530067407407 x) e)3/2
cosh(0.25 √(9.369604404 + 0.00457665000) + 0.00530067407407 x e) tanh(−9.369604404 + 0.00457665000 e) ln(0.25) √(9.369604404 + 0.00457665000 e) sinh(0.25 −9.369604404 + 0.00457665000 e) ln(0.25 √(9.369604404))
(9.369604404 + 0.0053007407407 x) sinh(0.25 √(−9.369604404 + 0.00457665000) e) cosh(0.25 x) − 0.0001120000 cosh(0.25 √(9.369604404 + 0.00530067407407 x) e) tanh(−9.369604404 + 0.00457665000) 0.25
+ 0.00095147407 √(9.369604404 + 0.00457665000) e tanh(0.25 √(−9.369604404 + 0.00530067407407 x) e)3/2 (9.369604404 + 0.00457665000) ln(0.25 √(−9.369604404 + 0.0053007407407) x) e sinh(0.25 9.369604404)
√(9.369604404 + 0.00457665000 e) sinh(0.25 −9.369604404 + 0.00457665000 e) ln(0.25 √(9.369604404)) − 0.0010145421 ln(0.25 √(−9.369604404 + 0.00457665000 e) + 0.25 0.00530067407407 x) sinh(0.25 √(9.369604404 + 0.00530067407407 x) e)
− 0.0001120000 cosh(0.25 √(9.369604404 + 0.00530067407407 x) e) tanh(−9.369604404 + 0.00457665000) 0.25 cosh(0.25 √(9.369604404 + 0.00457665000) + 0.00530067407407 x e) tanh(−9.369604404 + 0.00457665000 e) ln(0.25)
(9.369604404 + 0.00457665000) ln(0.25 √(−9.369604404 + 0.0053007407407) x) e sinh(0.25 9.369604404) (9.369604404 + 0.0053007407407 x) sinh(0.25 √(−9.369604404 + 0.00457665000) e) cosh(0.25 x)
− 0.0010145421 ln(0.25 √(−9.369604404 + 0.00457665000 e) + 0.25 0.00530067407407 x) sinh(0.25 √(9.369604404 + 0.00530067407407 x) e) + 0.00095147407 √(9.369604404 + 0.00457665000) e tanh(0.25 √(−9.369604404 + 0.00530067407407 x) e)3/2
cosh(0.25 √(9.369604404 + 0.00457665000) + 0.00530067407407 x e) tanh(−9.369604404 + 0.00457665000 e) ln(0.25) √(9.369604404 + 0.00457665000 e) sinh(0.25 −9.369604404 + 0.00457665000 e) ln(0.25 √(9.369604404))
(9.369604404 + 0.0053007407407 x) sinh(0.25 √(−9.369604404 + 0.00457665000) e) cosh(0.25 x) − 0.0001120000 cosh(0.25 √(9.369604404 + 0.00530067407407 x) e) tanh(−9.369604404 + 0.00457665000) 0.25
+ 0.00095147407 √(9.369604404 + 0.00457665000) e tanh(0.25 √(−9.369604404 + 0.00530067407407 x) e)3/2 (9.369604404 + 0.00457665000) ln(0.25 √(−9.369604404 + 0.0053007407407) x) e sinh(0.25 9.369604404)
√(9.369604404 + 0.00457665000 e) sinh(0.25 −9.369604404 + 0.00457665000 e) ln(0.25 √(9.369604404)) − 0.0010145421 ln(0.25 √(−9.369604404 + 0.00457665000 e) + 0.25 0.00530067407407 x) sinh(0.25 √(9.369604404 + 0.00530067407407 x) e)
− 0.0001120000 cosh(0.25 √(9.369604404 + 0.00530067407407 x) e) tanh(−9.369604404 + 0.00457665000) 0.25 cosh(0.25 √(9.369604404 + 0.00457665000) + 0.00530067407407 x e) tanh(−9.369604404 + 0.00457665000 e) ln(0.25)
(9.369604404 + 0.00457665000) ln(0.25 √(−9.369604404 + 0.0053007407407) x) e sinh(0.25 9.369604404) (9.369604404 + 0.0053007407407 x) sinh(0.25 √(−9.369604404 + 0.00457665000) e) cosh(0.25 x)
− 0.0010145421 ln(0.25 √(−9.369604404 + 0.00457665000 e) + 0.25 0.00530067407407 x) sinh(0.25 √(9.369604404 + 0.00530067407407 x) e) + 0.00095147407 √(9.369604404 + 0.00457665000) e tanh(0.25 √(−9.369604404 + 0.00530067407407 x) e)3/2
cosh(0.25 √(9.369604404 + 0.00457665000) + 0.00530067407407 x e) tanh(−9.369604404 + 0.00457665000 e) ln(0.25) √(9.369604404 + 0.00457665000 e) sinh(0.25 −9.369604404 + 0.00457665000 e) ln(0.25 √(9.369604404))
(9.369604404 + 0.0053007407407 x) sinh(0.25 √(−9.369604404 + 0.00457665000) e) cosh(0.25 x) − 0.0001120000 cosh(0.25 √(9.369604404 + 0.00530067407407 x) e) tanh(−9.369604404 + 0.00457665000) 0.25
+ 0.00095147407 √(9.369604404 + 0.00457665000) e tanh(0.25 √(−9.369604404 + 0.00530067407407 x) e)3/2 (9.369604404 + 0.00457665000) ln(0.25 √(−9.369604404 + 0.0053007407407) x) e sinh(0.25 9.369604404)
√(9.369604404 + 0.00457665000 e) sinh(0.25 −9.369604404 + 0.00457665000 e) ln(0.25 √(9.369604404)) − 0.0010145421 ln(0.25 √(−9.369604404 + 0.00457665000 e) + 0.25 0.00530067407407 x) sinh(0.25 √(9.369604404 + 0.00530067407407 x) e)
− 0.0001120000 cosh(0.25 √(9.369604404 + 0.00530067407407 x) e) tanh(−9.369604404 + 0.00457665000) 0.25 cosh(0.25 √(9.369604404 + 0.00457665000) + 0.00530067407407 x e) tanh(−9.369604404 + 0.00457665000 e) ln(0.25)
(9.369604404 + 0.00457665000) ln(0.25 √(−9.369604404 + 0.0053007407407) x) e sinh(0.25 9.369604404) (9.369604404 + 0.0053007407407 x) sinh(0.25 √(−9.369604404 + 0.00457665000) e) cosh(0.25 x)
− 0.0010145421 ln(0.25 √(−9.369604404 + 0.00457665000 e) + 0.25 0.00530067407407 x) sinh(0.25 √(9.369604404 + 0.00530067407407 x) e) + 0.00095147407 √(9.369604404 + 0.00457665000) e tanh(0.25 √(−9.369604404 + 0.00530067407407 x) e)3/2
cosh(0.25 √(9.369604404 + 0.00457665000) + 0.00530067407407 x e) tanh(−9.369604404 + 0.00457665000 e) ln(0.25) √(9.369604404 + 0.00457665000 e) sinh(0.25 −9.369604404 + 0.00457665000 e) ln(0.25 √(9.369604404))
(9.369604404 + 0.0053007407407 x) sinh(0.25 √(−9.369604404 + 0.00457665000) e) cosh(0.25 x) − 0.0001120000 cosh(0.25 √(9.369604404 + 0.00530067407407 x) e) tanh(−9.369604404 + 0.00457665000) 0.25
+ 0.00095147407 √(9.369604404 + 0.00457665000) e tanh(0.25 √(−9.369604404 + 0.00530067407407 x) e)3/2 (9.369604404 + 0.00457665000) ln(0.25 √(−9.369604404 + 0.0053007407407) x) e sinh(0.25 9.369604404)
√(9.369604404 + 0.00457665000 e) sinh(0.25 −9.369604404 + 0.00457665000 e) ln(0.25 √(9.369604404)) − 0.0010145421 ln(0.25 √(−9.369604404 + 0.00457665000 e) + 0.25 0.00530067407407 x) sinh(0.25 √(9.369604404 + 0.00530067407407 x) e)
− 0.0001120000 cosh(0.25 √(9.369604404 + 0.00530067407407 x) e) tanh(−9.369604404 + 0.00457665000) 0.25 cosh(0.25 √(9.369604404 + 0.00457665000) + 0.00530067407407 x e) tanh(−9.369604404 + 0.00457665000 e) ln(0.25)
(9.369604404 + 0.00457665000) ln(0.25 √(−9.369604404 + 0.0053007407407) x) e sinh(0.25 9.369604404) (9.369604404 + 0.0053007407407 x) sinh(0.25 √(−9.369604404 + 0.00457665000) e) cosh(0.25 x)
− 0.0010145421 ln(0.25 √(−9.369604404 + 0.00457665000 e) + 0.25 0.00530067407407 x) sinh(0.25 √(9.369604404 + 0.00530067407407 x) e) + 0.00095147407 √(9.369604404 + 0.00457665000) e tanh(0.25 √(−9.369604404 + 0.00530067407407 x) e)3/2
cosh(0.25 √(9.369604404 + 0.00457665000) + 0.00530067407407 x e) tanh(−9.369604404 + 0.00457665000 e) ln(0.25) √(9.369604404 + 0.00457665000 e) sinh(0.25 −9.369604404 + 0.00457665000 e) ln(0.25 √(9.369604404))
(9.369604404 + 0.0053007407407 x) sinh(0.25 √(−9.369604404 + 0.00457665000) e) cosh(0.25 x) − 0.0001120000 cosh(0.25 √(9.369604404 + 0.00530067407407 x) e) tanh(−9.369604404 + 0.00457665000) 0.25
+ 0.00095147407 √(9.369604404 + 0.00457665000) e tanh(0.25 √(−9.369604404 + 0.00530067407407 x) e)3/2 (9.369604404 + 0.00457665000) ln(0.25 √(−9.369604404 + 0.0053007407407) x) e sinh(0.25 9.369604404)
√(9.369604404 + 0.00457665000 e) sinh(0.25 −9.369604404 + 0.00457665000 e) ln(0.25 √(9.369604404)) − 0.0010145421 ln(0.25 √(−9.369604404 + 0.00457665000 e) + 0.25 0.00530067407407 x) sinh(0.25 √(9.369604404 + 0.00530067407407 x) e)
− 0.0001120000 cosh(0.25 √(9.369604404 + 0.00530067407407 x) e) tanh(−9.369604404 + 0.00457665000) 0.25 cosh(0.25 √(9.369604404 + 0.00457665000) + 0.00530067407407 x e) tanh(−9.369604404 + 0.00457665000 e) ln(0.25)
(9.369604404 + 0.00457665000) ln(0.25 √(−9.369604404 + 0.0053007407407) x) e sinh(0.25 9.369604404) (9.369604404 + 0.0053007407407 x) sinh(0.25 √(−9.369604404 + 0.00457665000) e) cosh(0.25 x)
− 0.0010145421 ln(0.25 √(−9.369604404 + 0.00457665000 e) + 0.25 0.00530067407407 x) sinh(0.25 √(9.369604404 + 0.00530067407407 x) e) + 0.00095147407 √(9.369604404 + 0.00457665000) e tanh(0.25 √(−9.369604404 + 0.00530067407407 x) e)3/2
cosh(0.25 √(9.369604404 + 0.00457665000) + 0.00530067407407 x e) tanh(−9.369604404 + 0.00457665000 e) ln(0.25) √(9.369604404 + 0.00457665000 e) sinh(0.25 −9.369604404 + 0.00457665000 e) ln(0.25 √(9.369604404))
(9.369604404 + 0.0053007407407 x) sinh(0.25 √(−9.369604404 + 0.00457665000) e) cosh(0.25 x) − 0.0001120000 cosh(0.25 √(9.369604404 + 0.00530067407407 x) e) tanh(−9.369604404 + 0.00457665000) 0.25
+ 0.00095147407 √(9.369604404 + 0.00457665000) e tanh(0.25 √(−9.369604404 + 0.00530067407407 x) e)3/2 (9.369604404 + 0.00457665000) ln(0.25 √(−9.369604404 + 0.0053007407407) x) e sinh(0.25 9.369604404)
√(9.369604404 + 0.00457665000 e) sinh(0.25 −9.369604404 + 0.00457665000 e) ln(0.25 √(9.369604404)) − 0.0010145421 ln(0.25 √(−9.369604404 + 0.00457665000 e) + 0.25 0.00530067407407 x) sinh(0.25 √(9.369604404 + 0.00530067407407 x) e)
− 0.0001120000 cosh(0.25 √(9.369604404 + 0.00530067407407 x) e) tanh(−9.369604404 + 0.00457665000) 0.25 cosh(0.25 √(9.369604404 + 0.00457665000) + 0.00530067407407 x e) tanh(−9.369604404 + 0.00457665000 e) ln(0.25)
(9.369604404 + 0.00457665000) ln(0.25 √(−9.369604404 + 0.0053007407407) x) e sinh(0.25 9.369604404) (9.369604404 + 0.0053007407407 x) sinh(0.25 √(−9.369604404 + 0.00457665000) e) cosh(0.25 x)
− 0.0010145421 ln(0.25 √(−9.369604404 + 0.00457665000 e) + 0.25 0.00530067407407 x) sinh(0.25 √(9.369604404 + 0.00530067407407 x) e) + 0.00095147407 √(9.369604404 + 0.00457665000) e tanh(0.25 √(−9.369604404 + 0.00530067407407 x) e)3/2
cosh(0.25 √(9.369604404 + 0.00457665000) + 0.00530067407407 x e) tanh(−9.369604404 + 0.00457665000 e) ln(0.25) √(9.369604404 + 0.00457665000 e) sinh(0.25 −9.369604404 + 0.00457665000 e) ln(0.25 √(9.369604404))
(9.369604404 + 0.0053007407407 x) sinh(0.25 √(−9.369604404 + 0.00457665000) e) cosh(0.25 x) − 0.0001120000 cosh(0.25 √(9.369604404 + 0.00530067407407 x) e) tanh(−9.369604404 + 0.00457665000) 0.25
+ 0.00095147407 √(9.369604404 + 0.00457665000) e tanh(0.25 √(−9.369604404 + 0.00530067407407 x) e)3/2 (9.369604404 + 0.00457665000) ln(0.25 √(−9.369604404 + 0.0053007407407) x) e sinh(0.25 9.369604404)
√(9.369604404 + 0.00457665000 e) sinh(0.25 −9.369604404 + 0.00457665000 e) ln(0.25 √(9.369604404)) − 0.0010145421 ln(0.25 √(−9.369604404 + 0.00457665000 e) + 0.25 0.00530067407407 x) sinh(0.25 √(9.369604404 + 0.00530067407407 x) e)
− 0.0001120000 cosh(0.25 √(9.369604404 + 0.00530067407407 x) e) tanh(−9.369604404 + 0.00457665000) 0.25 cosh(0.25 √(9.369604404 + 0.00457665000) + 0.00530067407407 x e) tanh(−9.369604404 + 0.00457665000 e) ln(0.25)
(9.369604404 + 0.00457665000) ln(0.25 √(−9.369604404 + 0.0053007407407) x) e sinh(0.25 9.369604404) (9.369604404 + 0.0053007407407 x) sinh(0.25 √(−9.369604404 + 0.00457665000) e) cosh(0.25 x)
− 0.0010145421 ln(0.25 √(−9.369604404 + 0.00457665000 e) + 0.25 0.00530067407407 x) sinh(0.25 √(9.369604404 + 0.00530067407407 x) e) + 0.00095147407 √(9.369604404 + 0.00457665000) e tanh(0.25 √(−9.369604404 + 0.00530067407407 x) e)3/2
cosh(0.25 √(9.369604404 + 0.00457665000) + 0.00530067407407 x e) tanh(−9.369604404 + 0.00457665000 e) ln(0.25) √(9.369604404 + 0.00457665000 e) sinh(0.25 −9.369604404 + 0.00457665000 e) ln(0.25 √(9.369604404))
(9.369604404 + 0.0053007407407 x) sinh(0.25 √(−9.369604404 + 0.00457665000) e) cosh(0.25 x) − 0.0001120000 cosh(0.25 √(9.369604404 + 0.00530067407407 x) e) tanh(−9.369604404 + 0.00457665000) 0.25
+ 0.00095147407 √(9.369604404 + 0.00457665000) e tanh(0.25 √(−9.369604404 + 0.00530067407407 x) e)3/2 (9.369604404 + 0.00457665000) ln(0.25 √(−9.369604404 + 0.0053007407407) x) e sinh(0.25 9.369604404)
√(9.369604404 + 0.00457665000 e) sinh(0.25 −9.369604404 + 0.00457665000 e) ln(0.25 √(9.369604404)) − 0.0010145421 ln(0.25 √(−9.369604404 + 0.00457665000 e) + 0.25 0.00530067407407 x) sinh(0.25 √(9.369604404 + 0.00530067407407 x) e)
− 0.0001120000 cosh(0.25 √(9.369604404 + 0.00530067407407 x) e) tanh(−9.369604404 + 0.00457665000) 0.25 cosh(0.25 √(9.369604404 + 0.00457665000) + 0.00530067407407 x e) tanh(−9.369604404 + 0.00457665000 e) ln(0.25)
(9.369604404 + 0.00457665000) ln(0.25 √(−9.369604404 + 0.0053007407407) x) e sinh(0.25 9.369604404) (9.369604404 + 0.0053007407407 x) sinh(0.25 √(−9.369604404 + 0.00457665000) e) cosh(0.25 x)
